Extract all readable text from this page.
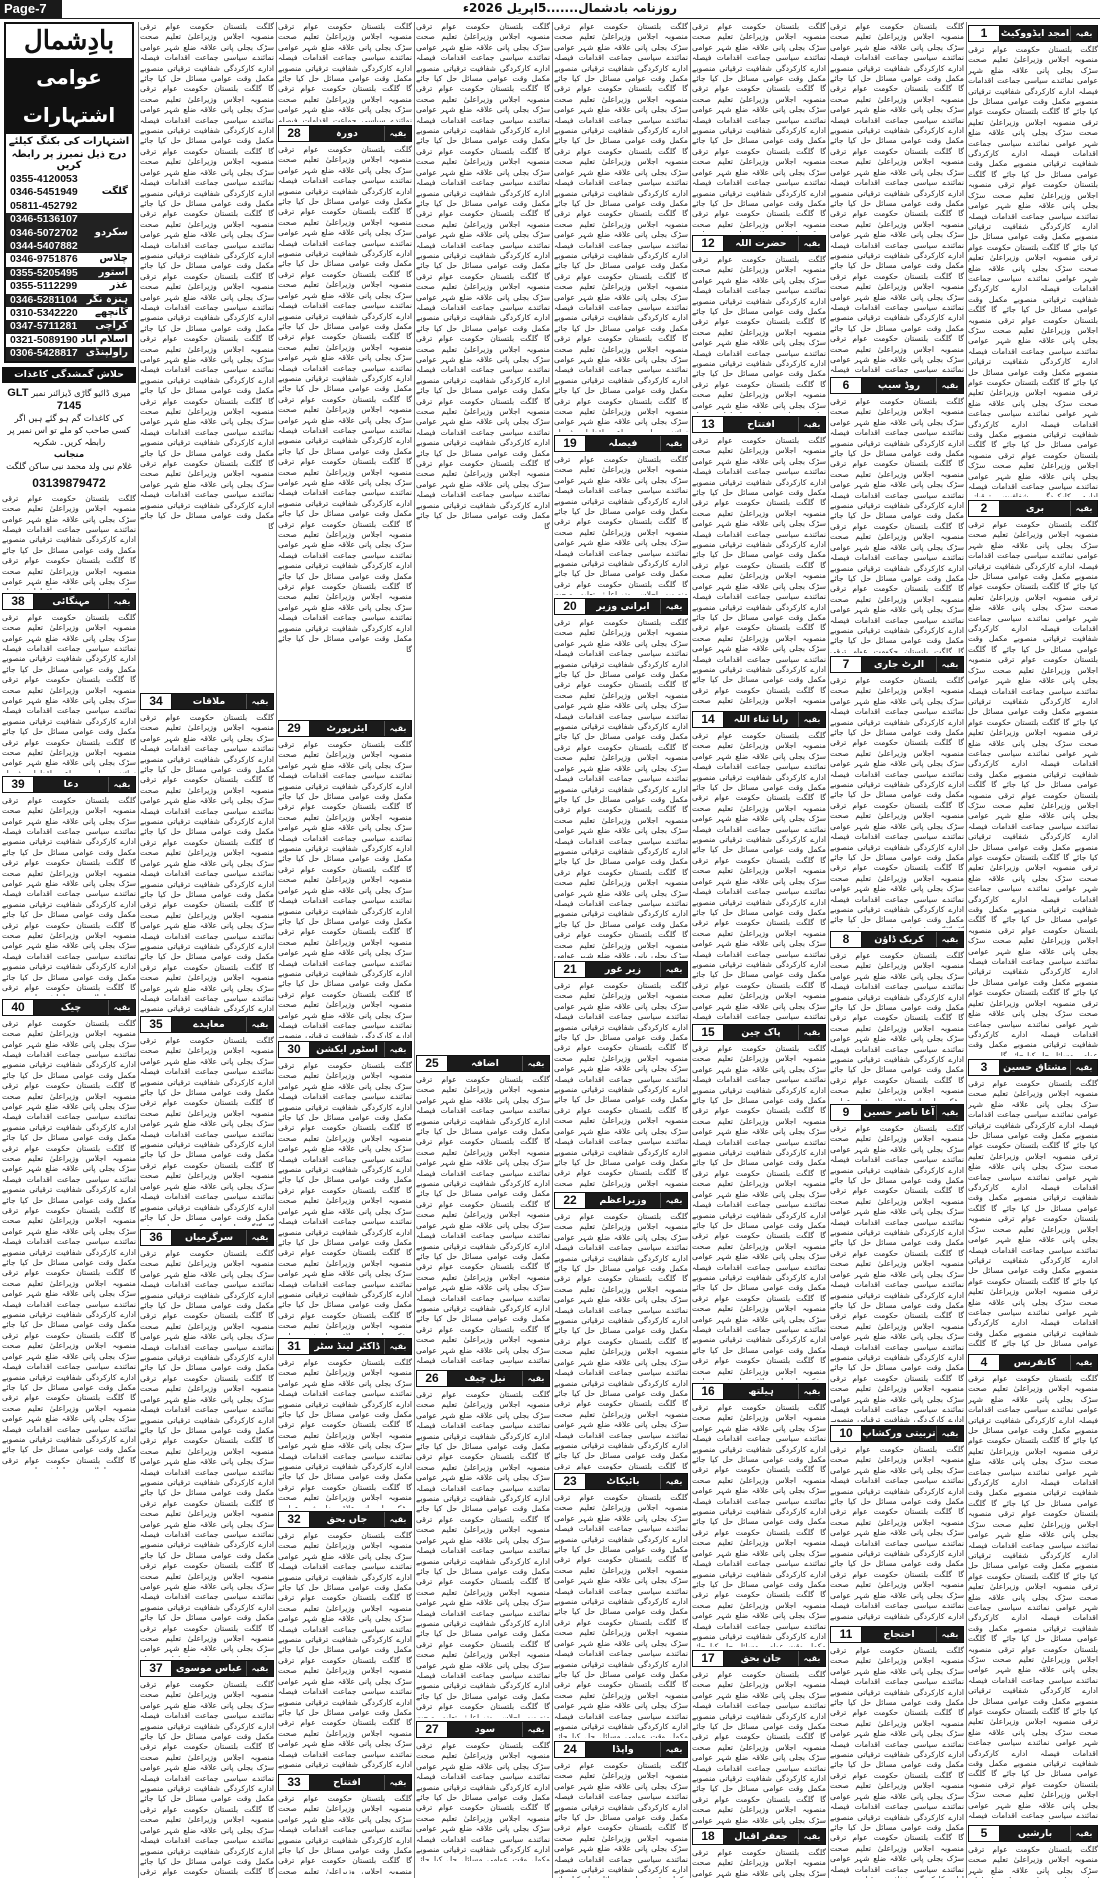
Page-7	روزنامہ بادشمال.......5اپریل 2026ء
بادِشمال
عوامی اشتہارات
اشتہارات کی بکنگ کیلئے
درج ذیل نمبرز پر رابطہ کریں
0355-4120053
0346-5451949 گلگت
05811-452792
0346-5136107
0346-5072702 سکردو
0344-5407882
0346-9751876 چلاس
0355-5205495 استور
0355-5112299	غذر
0346-5281104 ہنزہ نگر
0310-5342220 گانچھے
0347-5711281 کراچی
0321-5089190 اسلام آباد
0306-5428817 راولپنڈی
حلاش گمشدگی کاغذات
میری ڈائیو گاڑی ڈیزائنر نمبر GLT 7145
کی کاغذات گم ہو گئے ہیں اگر کسی صاحب کو ملے تو اس نمبر پر رابطہ کریں۔ شکریہ
منجانب
غلام نبی ولد محمد نبی ساکن گلگت
03139879472
گلگت بلتستان حکومت عوام ترقی منصوبہ اجلاس وزیراعلیٰ تعلیم صحت سڑک بجلی پانی علاقہ ضلع شہر عوامی نمائندے سیاسی جماعت اقدامات فیصلہ ادارے کارکردگی شفافیت ترقیاتی منصوبے مکمل وقت عوامی مسائل حل کیا جائے گا گلگت بلتستان حکومت عوام ترقی منصوبہ اجلاس وزیراعلیٰ تعلیم صحت سڑک بجلی پانی علاقہ ضلع شہر عوامی نمائندے سیاسی جماعت اقدامات فیصلہ ادارے کارکردگی شفافیت ترقیاتی منصوبے مکمل وقت عوامی مسائل حل کیا جائے گا گلگت بلتستان حکومت عوام ترقی منصوبہ اجلاس وزیراعلیٰ تعلیم صحت سڑک بجلی پانی علاقہ ضلع شہر عوامی نمائندے سیاسی جماعت اقدامات فیصلہ ادارے کارکردگی شفافیت ترقیاتی منصوبے مکمل وقت عوامی مسائل حل کیا جائے گا گلگت بلتستان حکومت عوام ترقی منصوبہ اجلاس وزیراعلیٰ تعلیم صحت سڑک بجلی پانی علاقہ ضلع شہر عوامی نمائندے سیاسی جماعت اقدامات فیصلہ ادارے کارکردگی شفافیت ترقیاتی منصوبے مکمل وقت عوامی مسائل حل کیا جائے گا گلگت بلتستان حکومت عوام ترقی منصوبہ اجلاس وزیراعلیٰ تعلیم صحت سڑک بجلی پانی علاقہ ضلع شہر عوامی نمائندے سیاسی جماعت اقدامات فیصلہ ادارے کارکردگی شفافیت ترقیاتی منصوبے مکمل وقت عوامی مسائل حل کیا جائے گا گلگت بلتستان حکومت عوام ترقی منصوبہ اجلاس وزیراعلیٰ تعلیم صحت سڑک بجلی پانی علاقہ ضلع شہر عوامی نمائندے سیاسی جماعت اقدامات فیصلہ ادارے کارکردگی شفافیت ترقیاتی منصوبے مکمل وقت عوامی مسائل حل کیا جائے گا گلگت بلتستان حکومت عوام ترقی منصوبہ اجلاس وزیراعلیٰ تعلیم صحت سڑک بجلی پانی علاقہ ضلع شہر عوامی نمائندے سیاسی جماعت اقدامات فیصلہ ادارے کارکردگی شفافیت ترقیاتی منصوبے مکمل وقت عوامی مسائل حل کیا جائے گا گلگت بلتستان حکومت عوام ترقی منصوبہ اجلاس وزیراعلیٰ تعلیم صحت سڑک بجلی پانی علاقہ ضلع شہر عوامی نمائندے سیاسی جماعت اقدامات فیصلہ ادارے کارکردگی شفافیت ترقیاتی منصوبے مکمل وقت عوامی مسائل حل کیا جائے گا
38	مہنگائی	بقیہ
گلگت بلتستان حکومت عوام ترقی منصوبہ اجلاس وزیراعلیٰ تعلیم صحت سڑک بجلی پانی علاقہ ضلع شہر عوامی نمائندے سیاسی جماعت اقدامات فیصلہ ادارے کارکردگی شفافیت ترقیاتی منصوبے مکمل وقت عوامی مسائل حل کیا جائے گا گلگت بلتستان حکومت عوام ترقی منصوبہ اجلاس وزیراعلیٰ تعلیم صحت سڑک بجلی پانی علاقہ ضلع شہر عوامی نمائندے سیاسی جماعت اقدامات فیصلہ ادارے کارکردگی شفافیت ترقیاتی منصوبے مکمل وقت عوامی مسائل حل کیا جائے گا گلگت بلتستان حکومت عوام ترقی منصوبہ اجلاس وزیراعلیٰ تعلیم صحت سڑک بجلی پانی علاقہ ضلع شہر عوامی نمائندے سیاسی جماعت اقدامات فیصلہ ادارے کارکردگی شفافیت ترقیاتی منصوبے مکمل وقت عوامی مسائل حل کیا جائے گا گلگت بلتستان حکومت عوام ترقی منصوبہ اجلاس وزیراعلیٰ تعلیم صحت سڑک بجلی پانی علاقہ ضلع شہر عوامی نمائندے سیاسی جماعت اقدامات فیصلہ ادارے کارکردگی شفافیت ترقیاتی منصوبے مکمل وقت عوامی مسائل حل کیا جائے گا گلگت بلتستان حکومت عوام ترقی منصوبہ اجلاس وزیراعلیٰ تعلیم صحت سڑک بجلی پانی علاقہ ضلع شہر عوامی نمائندے سیاسی جماعت اقدامات فیصلہ ادارے کارکردگی شفافیت ترقیاتی منصوبے مکمل وقت عوامی مسائل حل کیا جائے گا گلگت بلتستان حکومت عوام ترقی منصوبہ اجلاس وزیراعلیٰ تعلیم صحت سڑک بجلی پانی علاقہ ضلع شہر عوامی نمائندے سیاسی جماعت اقدامات فیصلہ ادارے کارکردگی شفافیت ترقیاتی منصوبے مکمل وقت عوامی مسائل حل کیا جائے گا گلگت بلتستان حکومت عوام ترقی منصوبہ اجلاس وزیراعلیٰ تعلیم صحت سڑک بجلی پانی علاقہ ضلع شہر عوامی نمائندے سیاسی جماعت اقدامات فیصلہ ادارے کارکردگی شفافیت ترقیاتی منصوبے مکمل وقت عوامی مسائل حل کیا جائے گا گلگت بلتستان حکومت عوام ترقی منصوبہ اجلاس وزیراعلیٰ تعلیم صحت سڑک بجلی پانی علاقہ ضلع شہر عوامی نمائندے سیاسی جماعت اقدامات فیصلہ ادارے کارکردگی شفافیت ترقیاتی منصوبے مکمل وقت عوامی مسائل حل کیا جائے گا
39	دعا	بقیہ
گلگت بلتستان حکومت عوام ترقی منصوبہ اجلاس وزیراعلیٰ تعلیم صحت سڑک بجلی پانی علاقہ ضلع شہر عوامی نمائندے سیاسی جماعت اقدامات فیصلہ ادارے کارکردگی شفافیت ترقیاتی منصوبے مکمل وقت عوامی مسائل حل کیا جائے گا گلگت بلتستان حکومت عوام ترقی منصوبہ اجلاس وزیراعلیٰ تعلیم صحت سڑک بجلی پانی علاقہ ضلع شہر عوامی نمائندے سیاسی جماعت اقدامات فیصلہ ادارے کارکردگی شفافیت ترقیاتی منصوبے مکمل وقت عوامی مسائل حل کیا جائے گا گلگت بلتستان حکومت عوام ترقی منصوبہ اجلاس وزیراعلیٰ تعلیم صحت سڑک بجلی پانی علاقہ ضلع شہر عوامی نمائندے سیاسی جماعت اقدامات فیصلہ ادارے کارکردگی شفافیت ترقیاتی منصوبے مکمل وقت عوامی مسائل حل کیا جائے گا گلگت بلتستان حکومت عوام ترقی منصوبہ اجلاس وزیراعلیٰ تعلیم صحت سڑک بجلی پانی علاقہ ضلع شہر عوامی نمائندے سیاسی جماعت اقدامات فیصلہ ادارے کارکردگی شفافیت ترقیاتی منصوبے مکمل وقت عوامی مسائل حل کیا جائے گا گلگت بلتستان حکومت عوام ترقی منصوبہ اجلاس وزیراعلیٰ تعلیم صحت سڑک بجلی پانی علاقہ ضلع شہر عوامی نمائندے سیاسی جماعت اقدامات فیصلہ ادارے کارکردگی شفافیت ترقیاتی منصوبے مکمل وقت عوامی مسائل حل کیا جائے گا گلگت بلتستان حکومت عوام ترقی منصوبہ اجلاس وزیراعلیٰ تعلیم صحت سڑک بجلی پانی علاقہ ضلع شہر عوامی نمائندے سیاسی جماعت اقدامات فیصلہ ادارے کارکردگی شفافیت ترقیاتی منصوبے مکمل وقت عوامی مسائل حل کیا جائے گا گلگت بلتستان حکومت عوام ترقی منصوبہ اجلاس وزیراعلیٰ تعلیم صحت سڑک بجلی پانی علاقہ ضلع شہر عوامی نمائندے سیاسی جماعت اقدامات فیصلہ ادارے کارکردگی شفافیت ترقیاتی منصوبے مکمل وقت عوامی مسائل حل کیا جائے گا گلگت بلتستان حکومت عوام ترقی منصوبہ اجلاس وزیراعلیٰ تعلیم صحت سڑک بجلی پانی علاقہ ضلع شہر عوامی نمائندے سیاسی جماعت اقدامات فیصلہ ادارے کارکردگی شفافیت ترقیاتی منصوبے مکمل وقت عوامی مسائل حل کیا جائے گا
40	چیک	بقیہ
گلگت بلتستان حکومت عوام ترقی منصوبہ اجلاس وزیراعلیٰ تعلیم صحت سڑک بجلی پانی علاقہ ضلع شہر عوامی نمائندے سیاسی جماعت اقدامات فیصلہ ادارے کارکردگی شفافیت ترقیاتی منصوبے مکمل وقت عوامی مسائل حل کیا جائے گا گلگت بلتستان حکومت عوام ترقی منصوبہ اجلاس وزیراعلیٰ تعلیم صحت سڑک بجلی پانی علاقہ ضلع شہر عوامی نمائندے سیاسی جماعت اقدامات فیصلہ ادارے کارکردگی شفافیت ترقیاتی منصوبے مکمل وقت عوامی مسائل حل کیا جائے گا گلگت بلتستان حکومت عوام ترقی منصوبہ اجلاس وزیراعلیٰ تعلیم صحت سڑک بجلی پانی علاقہ ضلع شہر عوامی نمائندے سیاسی جماعت اقدامات فیصلہ ادارے کارکردگی شفافیت ترقیاتی منصوبے مکمل وقت عوامی مسائل حل کیا جائے گا گلگت بلتستان حکومت عوام ترقی منصوبہ اجلاس وزیراعلیٰ تعلیم صحت سڑک بجلی پانی علاقہ ضلع شہر عوامی نمائندے سیاسی جماعت اقدامات فیصلہ ادارے کارکردگی شفافیت ترقیاتی منصوبے مکمل وقت عوامی مسائل حل کیا جائے گا گلگت بلتستان حکومت عوام ترقی منصوبہ اجلاس وزیراعلیٰ تعلیم صحت سڑک بجلی پانی علاقہ ضلع شہر عوامی نمائندے سیاسی جماعت اقدامات فیصلہ ادارے کارکردگی شفافیت ترقیاتی منصوبے مکمل وقت عوامی مسائل حل کیا جائے گا گلگت بلتستان حکومت عوام ترقی منصوبہ اجلاس وزیراعلیٰ تعلیم صحت سڑک بجلی پانی علاقہ ضلع شہر عوامی نمائندے سیاسی جماعت اقدامات فیصلہ ادارے کارکردگی شفافیت ترقیاتی منصوبے مکمل وقت عوامی مسائل حل کیا جائے گا گلگت بلتستان حکومت عوام ترقی منصوبہ اجلاس وزیراعلیٰ تعلیم صحت سڑک بجلی پانی علاقہ ضلع شہر عوامی نمائندے سیاسی جماعت اقدامات فیصلہ ادارے کارکردگی شفافیت ترقیاتی منصوبے مکمل وقت عوامی مسائل حل کیا جائے گا گلگت بلتستان حکومت عوام ترقی منصوبہ اجلاس وزیراعلیٰ تعلیم صحت سڑک بجلی پانی علاقہ ضلع شہر عوامی نمائندے سیاسی جماعت اقدامات فیصلہ ادارے کارکردگی شفافیت ترقیاتی منصوبے مکمل وقت عوامی مسائل حل کیا جائے گا
گلگت بلتستان حکومت عوام ترقی منصوبہ اجلاس وزیراعلیٰ تعلیم صحت سڑک بجلی پانی علاقہ ضلع شہر عوامی نمائندے سیاسی جماعت اقدامات فیصلہ ادارے کارکردگی شفافیت ترقیاتی منصوبے مکمل وقت عوامی مسائل حل کیا جائے گا گلگت بلتستان حکومت عوام ترقی منصوبہ اجلاس وزیراعلیٰ تعلیم صحت سڑک بجلی پانی علاقہ ضلع شہر عوامی نمائندے سیاسی جماعت اقدامات فیصلہ ادارے کارکردگی شفافیت ترقیاتی منصوبے مکمل وقت عوامی مسائل حل کیا جائے گا گلگت بلتستان حکومت عوام ترقی منصوبہ اجلاس وزیراعلیٰ تعلیم صحت سڑک بجلی پانی علاقہ ضلع شہر عوامی نمائندے سیاسی جماعت اقدامات فیصلہ ادارے کارکردگی شفافیت ترقیاتی منصوبے مکمل وقت عوامی مسائل حل کیا جائے گا گلگت بلتستان حکومت عوام ترقی منصوبہ اجلاس وزیراعلیٰ تعلیم صحت سڑک بجلی پانی علاقہ ضلع شہر عوامی نمائندے سیاسی جماعت اقدامات فیصلہ ادارے کارکردگی شفافیت ترقیاتی منصوبے مکمل وقت عوامی مسائل حل کیا جائے گا گلگت بلتستان حکومت عوام ترقی منصوبہ اجلاس وزیراعلیٰ تعلیم صحت سڑک بجلی پانی علاقہ ضلع شہر عوامی نمائندے سیاسی جماعت اقدامات فیصلہ ادارے کارکردگی شفافیت ترقیاتی منصوبے مکمل وقت عوامی مسائل حل کیا جائے گا گلگت بلتستان حکومت عوام ترقی منصوبہ اجلاس وزیراعلیٰ تعلیم صحت سڑک بجلی پانی علاقہ ضلع شہر عوامی نمائندے سیاسی جماعت اقدامات فیصلہ ادارے کارکردگی شفافیت ترقیاتی منصوبے مکمل وقت عوامی مسائل حل کیا جائے گا گلگت بلتستان حکومت عوام ترقی منصوبہ اجلاس وزیراعلیٰ تعلیم صحت سڑک بجلی پانی علاقہ ضلع شہر عوامی نمائندے سیاسی جماعت اقدامات فیصلہ ادارے کارکردگی شفافیت ترقیاتی منصوبے مکمل وقت عوامی مسائل حل کیا جائے گا گلگت بلتستان حکومت عوام ترقی منصوبہ اجلاس وزیراعلیٰ تعلیم صحت سڑک بجلی پانی علاقہ ضلع شہر عوامی نمائندے سیاسی جماعت اقدامات فیصلہ ادارے کارکردگی شفافیت ترقیاتی منصوبے مکمل وقت عوامی مسائل حل کیا جائے گا
34	ملاقات	بقیہ
گلگت بلتستان حکومت عوام ترقی منصوبہ اجلاس وزیراعلیٰ تعلیم صحت سڑک بجلی پانی علاقہ ضلع شہر عوامی نمائندے سیاسی جماعت اقدامات فیصلہ ادارے کارکردگی شفافیت ترقیاتی منصوبے مکمل وقت عوامی مسائل حل کیا جائے گا گلگت بلتستان حکومت عوام ترقی منصوبہ اجلاس وزیراعلیٰ تعلیم صحت سڑک بجلی پانی علاقہ ضلع شہر عوامی نمائندے سیاسی جماعت اقدامات فیصلہ ادارے کارکردگی شفافیت ترقیاتی منصوبے مکمل وقت عوامی مسائل حل کیا جائے گا گلگت بلتستان حکومت عوام ترقی منصوبہ اجلاس وزیراعلیٰ تعلیم صحت سڑک بجلی پانی علاقہ ضلع شہر عوامی نمائندے سیاسی جماعت اقدامات فیصلہ ادارے کارکردگی شفافیت ترقیاتی منصوبے مکمل وقت عوامی مسائل حل کیا جائے گا گلگت بلتستان حکومت عوام ترقی منصوبہ اجلاس وزیراعلیٰ تعلیم صحت سڑک بجلی پانی علاقہ ضلع شہر عوامی نمائندے سیاسی جماعت اقدامات فیصلہ ادارے کارکردگی شفافیت ترقیاتی منصوبے مکمل وقت عوامی مسائل حل کیا جائے گا گلگت بلتستان حکومت عوام ترقی منصوبہ اجلاس وزیراعلیٰ تعلیم صحت سڑک بجلی پانی علاقہ ضلع شہر عوامی نمائندے سیاسی جماعت اقدامات فیصلہ ادارے کارکردگی شفافیت ترقیاتی منصوبے مکمل وقت عوامی مسائل حل کیا جائے گا گلگت بلتستان حکومت عوام ترقی منصوبہ اجلاس وزیراعلیٰ تعلیم صحت سڑک بجلی پانی علاقہ ضلع شہر عوامی نمائندے سیاسی جماعت اقدامات فیصلہ ادارے کارکردگی شفافیت ترقیاتی منصوبے مکمل وقت عوامی مسائل حل کیا جائے گا گلگت بلتستان حکومت عوام ترقی منصوبہ اجلاس وزیراعلیٰ تعلیم صحت سڑک بجلی پانی علاقہ ضلع شہر عوامی نمائندے سیاسی جماعت اقدامات فیصلہ ادارے کارکردگی شفافیت ترقیاتی منصوبے مکمل وقت عوامی مسائل حل کیا جائے گا گلگت بلتستان حکومت عوام ترقی منصوبہ اجلاس وزیراعلیٰ تعلیم صحت سڑک بجلی پانی علاقہ ضلع شہر عوامی نمائندے سیاسی جماعت اقدامات فیصلہ ادارے کارکردگی شفافیت ترقیاتی منصوبے مکمل وقت عوامی مسائل حل کیا جائے گا
35	معاہدے	بقیہ
گلگت بلتستان حکومت عوام ترقی منصوبہ اجلاس وزیراعلیٰ تعلیم صحت سڑک بجلی پانی علاقہ ضلع شہر عوامی نمائندے سیاسی جماعت اقدامات فیصلہ ادارے کارکردگی شفافیت ترقیاتی منصوبے مکمل وقت عوامی مسائل حل کیا جائے گا گلگت بلتستان حکومت عوام ترقی منصوبہ اجلاس وزیراعلیٰ تعلیم صحت سڑک بجلی پانی علاقہ ضلع شہر عوامی نمائندے سیاسی جماعت اقدامات فیصلہ ادارے کارکردگی شفافیت ترقیاتی منصوبے مکمل وقت عوامی مسائل حل کیا جائے گا گلگت بلتستان حکومت عوام ترقی منصوبہ اجلاس وزیراعلیٰ تعلیم صحت سڑک بجلی پانی علاقہ ضلع شہر عوامی نمائندے سیاسی جماعت اقدامات فیصلہ ادارے کارکردگی شفافیت ترقیاتی منصوبے مکمل وقت عوامی مسائل حل کیا جائے گا گلگت بلتستان حکومت عوام ترقی منصوبہ اجلاس وزیراعلیٰ تعلیم صحت سڑک بجلی پانی علاقہ ضلع شہر عوامی نمائندے سیاسی جماعت اقدامات فیصلہ ادارے کارکردگی شفافیت ترقیاتی منصوبے مکمل وقت عوامی مسائل حل کیا جائے گا گلگت بلتستان حکومت عوام ترقی منصوبہ اجلاس وزیراعلیٰ تعلیم صحت سڑک بجلی پانی علاقہ ضلع شہر عوامی نمائندے سیاسی جماعت اقدامات فیصلہ ادارے کارکردگی شفافیت ترقیاتی منصوبے مکمل وقت عوامی مسائل حل کیا جائے گا گلگت بلتستان حکومت عوام ترقی منصوبہ اجلاس وزیراعلیٰ تعلیم صحت سڑک بجلی پانی علاقہ ضلع شہر عوامی نمائندے سیاسی جماعت اقدامات فیصلہ ادارے کارکردگی شفافیت ترقیاتی منصوبے مکمل وقت عوامی مسائل حل کیا جائے گا گلگت بلتستان حکومت عوام ترقی منصوبہ اجلاس وزیراعلیٰ تعلیم صحت سڑک بجلی پانی علاقہ ضلع شہر عوامی نمائندے سیاسی جماعت اقدامات فیصلہ ادارے کارکردگی شفافیت ترقیاتی منصوبے مکمل وقت عوامی مسائل حل کیا جائے گا گلگت بلتستان حکومت عوام ترقی منصوبہ اجلاس وزیراعلیٰ تعلیم صحت سڑک بجلی پانی علاقہ ضلع شہر عوامی نمائندے سیاسی جماعت اقدامات فیصلہ ادارے کارکردگی شفافیت ترقیاتی منصوبے مکمل وقت عوامی مسائل حل کیا جائے گا
36	سرگرمیاں	بقیہ
گلگت بلتستان حکومت عوام ترقی منصوبہ اجلاس وزیراعلیٰ تعلیم صحت سڑک بجلی پانی علاقہ ضلع شہر عوامی نمائندے سیاسی جماعت اقدامات فیصلہ ادارے کارکردگی شفافیت ترقیاتی منصوبے مکمل وقت عوامی مسائل حل کیا جائے گا گلگت بلتستان حکومت عوام ترقی منصوبہ اجلاس وزیراعلیٰ تعلیم صحت سڑک بجلی پانی علاقہ ضلع شہر عوامی نمائندے سیاسی جماعت اقدامات فیصلہ ادارے کارکردگی شفافیت ترقیاتی منصوبے مکمل وقت عوامی مسائل حل کیا جائے گا گلگت بلتستان حکومت عوام ترقی منصوبہ اجلاس وزیراعلیٰ تعلیم صحت سڑک بجلی پانی علاقہ ضلع شہر عوامی نمائندے سیاسی جماعت اقدامات فیصلہ ادارے کارکردگی شفافیت ترقیاتی منصوبے مکمل وقت عوامی مسائل حل کیا جائے گا گلگت بلتستان حکومت عوام ترقی منصوبہ اجلاس وزیراعلیٰ تعلیم صحت سڑک بجلی پانی علاقہ ضلع شہر عوامی نمائندے سیاسی جماعت اقدامات فیصلہ ادارے کارکردگی شفافیت ترقیاتی منصوبے مکمل وقت عوامی مسائل حل کیا جائے گا گلگت بلتستان حکومت عوام ترقی منصوبہ اجلاس وزیراعلیٰ تعلیم صحت سڑک بجلی پانی علاقہ ضلع شہر عوامی نمائندے سیاسی جماعت اقدامات فیصلہ ادارے کارکردگی شفافیت ترقیاتی منصوبے مکمل وقت عوامی مسائل حل کیا جائے گا گلگت بلتستان حکومت عوام ترقی منصوبہ اجلاس وزیراعلیٰ تعلیم صحت سڑک بجلی پانی علاقہ ضلع شہر عوامی نمائندے سیاسی جماعت اقدامات فیصلہ ادارے کارکردگی شفافیت ترقیاتی منصوبے مکمل وقت عوامی مسائل حل کیا جائے گا گلگت بلتستان حکومت عوام ترقی منصوبہ اجلاس وزیراعلیٰ تعلیم صحت سڑک بجلی پانی علاقہ ضلع شہر عوامی نمائندے سیاسی جماعت اقدامات فیصلہ ادارے کارکردگی شفافیت ترقیاتی منصوبے مکمل وقت عوامی مسائل حل کیا جائے گا گلگت بلتستان حکومت عوام ترقی منصوبہ اجلاس وزیراعلیٰ تعلیم صحت سڑک بجلی پانی علاقہ ضلع شہر عوامی نمائندے سیاسی جماعت اقدامات فیصلہ ادارے کارکردگی شفافیت ترقیاتی منصوبے مکمل وقت عوامی مسائل حل کیا جائے گا
37	عباس موسوی	بقیہ
گلگت بلتستان حکومت عوام ترقی منصوبہ اجلاس وزیراعلیٰ تعلیم صحت سڑک بجلی پانی علاقہ ضلع شہر عوامی نمائندے سیاسی جماعت اقدامات فیصلہ ادارے کارکردگی شفافیت ترقیاتی منصوبے مکمل وقت عوامی مسائل حل کیا جائے گا گلگت بلتستان حکومت عوام ترقی منصوبہ اجلاس وزیراعلیٰ تعلیم صحت سڑک بجلی پانی علاقہ ضلع شہر عوامی نمائندے سیاسی جماعت اقدامات فیصلہ ادارے کارکردگی شفافیت ترقیاتی منصوبے مکمل وقت عوامی مسائل حل کیا جائے گا گلگت بلتستان حکومت عوام ترقی منصوبہ اجلاس وزیراعلیٰ تعلیم صحت سڑک بجلی پانی علاقہ ضلع شہر عوامی نمائندے سیاسی جماعت اقدامات فیصلہ ادارے کارکردگی شفافیت ترقیاتی منصوبے مکمل وقت عوامی مسائل حل کیا جائے گا گلگت بلتستان حکومت عوام ترقی منصوبہ اجلاس وزیراعلیٰ تعلیم صحت سڑک بجلی پانی علاقہ ضلع شہر عوامی نمائندے سیاسی جماعت اقدامات فیصلہ ادارے کارکردگی شفافیت ترقیاتی منصوبے مکمل وقت عوامی مسائل حل کیا جائے گا گلگت بلتستان حکومت عوام ترقی منصوبہ اجلاس وزیراعلیٰ تعلیم صحت سڑک بجلی پانی علاقہ ضلع شہر عوامی نمائندے سیاسی جماعت اقدامات فیصلہ ادارے کارکردگی شفافیت ترقیاتی منصوبے مکمل وقت عوامی مسائل حل کیا جائے گا گلگت بلتستان حکومت عوام ترقی منصوبہ اجلاس وزیراعلیٰ تعلیم صحت سڑک بجلی پانی علاقہ ضلع شہر عوامی نمائندے سیاسی جماعت اقدامات فیصلہ ادارے کارکردگی شفافیت ترقیاتی منصوبے مکمل وقت عوامی مسائل حل کیا جائے گا گلگت بلتستان حکومت عوام ترقی منصوبہ اجلاس وزیراعلیٰ تعلیم صحت سڑک بجلی پانی علاقہ ضلع شہر عوامی نمائندے سیاسی جماعت اقدامات فیصلہ ادارے کارکردگی شفافیت ترقیاتی منصوبے مکمل وقت عوامی مسائل حل کیا جائے گا گلگت بلتستان حکومت عوام ترقی منصوبہ اجلاس وزیراعلیٰ تعلیم صحت سڑک بجلی پانی علاقہ ضلع شہر عوامی نمائندے سیاسی جماعت اقدامات فیصلہ ادارے کارکردگی شفافیت ترقیاتی منصوبے مکمل وقت عوامی مسائل حل کیا جائے گا
گلگت بلتستان حکومت عوام ترقی منصوبہ اجلاس وزیراعلیٰ تعلیم صحت سڑک بجلی پانی علاقہ ضلع شہر عوامی نمائندے سیاسی جماعت اقدامات فیصلہ ادارے کارکردگی شفافیت ترقیاتی منصوبے مکمل وقت عوامی مسائل حل کیا جائے گا گلگت بلتستان حکومت عوام ترقی منصوبہ اجلاس وزیراعلیٰ تعلیم صحت سڑک بجلی پانی علاقہ ضلع شہر عوامی نمائندے سیاسی جماعت اقدامات فیصلہ ادارے کارکردگی شفافیت ترقیاتی منصوبے مکمل وقت عوامی مسائل حل کیا جائے گا گلگت بلتستان حکومت عوام ترقی منصوبہ اجلاس وزیراعلیٰ تعلیم صحت سڑک بجلی پانی علاقہ ضلع شہر عوامی نمائندے سیاسی جماعت اقدامات فیصلہ ادارے کارکردگی شفافیت ترقیاتی منصوبے مکمل وقت عوامی مسائل حل کیا جائے گا گلگت بلتستان حکومت عوام ترقی منصوبہ اجلاس وزیراعلیٰ تعلیم صحت سڑک بجلی پانی علاقہ ضلع شہر عوامی نمائندے سیاسی جماعت اقدامات فیصلہ ادارے کارکردگی شفافیت ترقیاتی منصوبے مکمل وقت عوامی مسائل حل کیا جائے گا گلگت بلتستان حکومت عوام ترقی منصوبہ اجلاس وزیراعلیٰ تعلیم صحت سڑک بجلی پانی علاقہ ضلع شہر عوامی نمائندے سیاسی جماعت اقدامات فیصلہ ادارے کارکردگی شفافیت ترقیاتی منصوبے مکمل وقت عوامی مسائل حل کیا جائے گا گلگت بلتستان حکومت عوام ترقی منصوبہ اجلاس وزیراعلیٰ تعلیم صحت سڑک بجلی پانی علاقہ ضلع شہر عوامی نمائندے سیاسی جماعت اقدامات فیصلہ ادارے کارکردگی شفافیت ترقیاتی منصوبے مکمل وقت عوامی مسائل حل کیا جائے گا گلگت بلتستان حکومت عوام ترقی منصوبہ اجلاس وزیراعلیٰ تعلیم صحت سڑک بجلی پانی علاقہ ضلع شہر عوامی نمائندے سیاسی جماعت اقدامات فیصلہ ادارے کارکردگی شفافیت ترقیاتی منصوبے مکمل وقت عوامی مسائل حل کیا جائے گا گلگت بلتستان حکومت عوام ترقی منصوبہ اجلاس وزیراعلیٰ تعلیم صحت سڑک بجلی پانی علاقہ ضلع شہر عوامی نمائندے سیاسی جماعت اقدامات فیصلہ ادارے کارکردگی شفافیت ترقیاتی منصوبے مکمل وقت عوامی مسائل حل کیا جائے گا
28	دورہ	بقیہ
گلگت بلتستان حکومت عوام ترقی منصوبہ اجلاس وزیراعلیٰ تعلیم صحت سڑک بجلی پانی علاقہ ضلع شہر عوامی نمائندے سیاسی جماعت اقدامات فیصلہ ادارے کارکردگی شفافیت ترقیاتی منصوبے مکمل وقت عوامی مسائل حل کیا جائے گا گلگت بلتستان حکومت عوام ترقی منصوبہ اجلاس وزیراعلیٰ تعلیم صحت سڑک بجلی پانی علاقہ ضلع شہر عوامی نمائندے سیاسی جماعت اقدامات فیصلہ ادارے کارکردگی شفافیت ترقیاتی منصوبے مکمل وقت عوامی مسائل حل کیا جائے گا گلگت بلتستان حکومت عوام ترقی منصوبہ اجلاس وزیراعلیٰ تعلیم صحت سڑک بجلی پانی علاقہ ضلع شہر عوامی نمائندے سیاسی جماعت اقدامات فیصلہ ادارے کارکردگی شفافیت ترقیاتی منصوبے مکمل وقت عوامی مسائل حل کیا جائے گا گلگت بلتستان حکومت عوام ترقی منصوبہ اجلاس وزیراعلیٰ تعلیم صحت سڑک بجلی پانی علاقہ ضلع شہر عوامی نمائندے سیاسی جماعت اقدامات فیصلہ ادارے کارکردگی شفافیت ترقیاتی منصوبے مکمل وقت عوامی مسائل حل کیا جائے گا گلگت بلتستان حکومت عوام ترقی منصوبہ اجلاس وزیراعلیٰ تعلیم صحت سڑک بجلی پانی علاقہ ضلع شہر عوامی نمائندے سیاسی جماعت اقدامات فیصلہ ادارے کارکردگی شفافیت ترقیاتی منصوبے مکمل وقت عوامی مسائل حل کیا جائے گا گلگت بلتستان حکومت عوام ترقی منصوبہ اجلاس وزیراعلیٰ تعلیم صحت سڑک بجلی پانی علاقہ ضلع شہر عوامی نمائندے سیاسی جماعت اقدامات فیصلہ ادارے کارکردگی شفافیت ترقیاتی منصوبے مکمل وقت عوامی مسائل حل کیا جائے گا گلگت بلتستان حکومت عوام ترقی منصوبہ اجلاس وزیراعلیٰ تعلیم صحت سڑک بجلی پانی علاقہ ضلع شہر عوامی نمائندے سیاسی جماعت اقدامات فیصلہ ادارے کارکردگی شفافیت ترقیاتی منصوبے مکمل وقت عوامی مسائل حل کیا جائے گا گلگت بلتستان حکومت عوام ترقی منصوبہ اجلاس وزیراعلیٰ تعلیم صحت سڑک بجلی پانی علاقہ ضلع شہر عوامی نمائندے سیاسی جماعت اقدامات فیصلہ ادارے کارکردگی شفافیت ترقیاتی منصوبے مکمل وقت عوامی مسائل حل کیا جائے گا
29	ایئرپورٹ	بقیہ
گلگت بلتستان حکومت عوام ترقی منصوبہ اجلاس وزیراعلیٰ تعلیم صحت سڑک بجلی پانی علاقہ ضلع شہر عوامی نمائندے سیاسی جماعت اقدامات فیصلہ ادارے کارکردگی شفافیت ترقیاتی منصوبے مکمل وقت عوامی مسائل حل کیا جائے گا گلگت بلتستان حکومت عوام ترقی منصوبہ اجلاس وزیراعلیٰ تعلیم صحت سڑک بجلی پانی علاقہ ضلع شہر عوامی نمائندے سیاسی جماعت اقدامات فیصلہ ادارے کارکردگی شفافیت ترقیاتی منصوبے مکمل وقت عوامی مسائل حل کیا جائے گا گلگت بلتستان حکومت عوام ترقی منصوبہ اجلاس وزیراعلیٰ تعلیم صحت سڑک بجلی پانی علاقہ ضلع شہر عوامی نمائندے سیاسی جماعت اقدامات فیصلہ ادارے کارکردگی شفافیت ترقیاتی منصوبے مکمل وقت عوامی مسائل حل کیا جائے گا گلگت بلتستان حکومت عوام ترقی منصوبہ اجلاس وزیراعلیٰ تعلیم صحت سڑک بجلی پانی علاقہ ضلع شہر عوامی نمائندے سیاسی جماعت اقدامات فیصلہ ادارے کارکردگی شفافیت ترقیاتی منصوبے مکمل وقت عوامی مسائل حل کیا جائے گا گلگت بلتستان حکومت عوام ترقی منصوبہ اجلاس وزیراعلیٰ تعلیم صحت سڑک بجلی پانی علاقہ ضلع شہر عوامی نمائندے سیاسی جماعت اقدامات فیصلہ ادارے کارکردگی شفافیت ترقیاتی منصوبے مکمل وقت عوامی مسائل حل کیا جائے گا گلگت بلتستان حکومت عوام ترقی منصوبہ اجلاس وزیراعلیٰ تعلیم صحت سڑک بجلی پانی علاقہ ضلع شہر عوامی نمائندے سیاسی جماعت اقدامات فیصلہ ادارے کارکردگی شفافیت ترقیاتی منصوبے مکمل وقت عوامی مسائل حل کیا جائے گا گلگت بلتستان حکومت عوام ترقی منصوبہ اجلاس وزیراعلیٰ تعلیم صحت سڑک بجلی پانی علاقہ ضلع شہر عوامی نمائندے سیاسی جماعت اقدامات فیصلہ ادارے کارکردگی شفافیت ترقیاتی منصوبے مکمل وقت عوامی مسائل حل کیا جائے گا گلگت بلتستان حکومت عوام ترقی منصوبہ اجلاس وزیراعلیٰ تعلیم صحت سڑک بجلی پانی علاقہ ضلع شہر عوامی نمائندے سیاسی جماعت اقدامات فیصلہ ادارے کارکردگی شفافیت ترقیاتی منصوبے مکمل وقت عوامی مسائل حل کیا جائے گا
30	اسٹور ایکشن کمیٹی
بقیہ
گلگت بلتستان حکومت عوام ترقی منصوبہ اجلاس وزیراعلیٰ تعلیم صحت سڑک بجلی پانی علاقہ ضلع شہر عوامی نمائندے سیاسی جماعت اقدامات فیصلہ ادارے کارکردگی شفافیت ترقیاتی منصوبے مکمل وقت عوامی مسائل حل کیا جائے گا گلگت بلتستان حکومت عوام ترقی منصوبہ اجلاس وزیراعلیٰ تعلیم صحت سڑک بجلی پانی علاقہ ضلع شہر عوامی نمائندے سیاسی جماعت اقدامات فیصلہ ادارے کارکردگی شفافیت ترقیاتی منصوبے مکمل وقت عوامی مسائل حل کیا جائے گا گلگت بلتستان حکومت عوام ترقی منصوبہ اجلاس وزیراعلیٰ تعلیم صحت سڑک بجلی پانی علاقہ ضلع شہر عوامی نمائندے سیاسی جماعت اقدامات فیصلہ ادارے کارکردگی شفافیت ترقیاتی منصوبے مکمل وقت عوامی مسائل حل کیا جائے گا گلگت بلتستان حکومت عوام ترقی منصوبہ اجلاس وزیراعلیٰ تعلیم صحت سڑک بجلی پانی علاقہ ضلع شہر عوامی نمائندے سیاسی جماعت اقدامات فیصلہ ادارے کارکردگی شفافیت ترقیاتی منصوبے مکمل وقت عوامی مسائل حل کیا جائے گا گلگت بلتستان حکومت عوام ترقی منصوبہ اجلاس وزیراعلیٰ تعلیم صحت سڑک بجلی پانی علاقہ ضلع شہر عوامی نمائندے سیاسی جماعت اقدامات فیصلہ ادارے کارکردگی شفافیت ترقیاتی منصوبے مکمل وقت عوامی مسائل حل کیا جائے گا گلگت بلتستان حکومت عوام ترقی منصوبہ اجلاس وزیراعلیٰ تعلیم صحت سڑک بجلی پانی علاقہ ضلع شہر عوامی نمائندے سیاسی جماعت اقدامات فیصلہ ادارے کارکردگی شفافیت ترقیاتی منصوبے مکمل وقت عوامی مسائل حل کیا جائے گا گلگت بلتستان حکومت عوام ترقی منصوبہ اجلاس وزیراعلیٰ تعلیم صحت سڑک بجلی پانی علاقہ ضلع شہر عوامی نمائندے سیاسی جماعت اقدامات فیصلہ ادارے کارکردگی شفافیت ترقیاتی منصوبے مکمل وقت عوامی مسائل حل کیا جائے گا گلگت بلتستان حکومت عوام ترقی منصوبہ اجلاس وزیراعلیٰ تعلیم صحت سڑک بجلی پانی علاقہ ضلع شہر عوامی نمائندے سیاسی جماعت اقدامات فیصلہ ادارے کارکردگی شفافیت ترقیاتی منصوبے مکمل وقت عوامی مسائل حل کیا جائے گا
31	ڈاکٹر لینڈ سٹر	بقیہ
گلگت بلتستان حکومت عوام ترقی منصوبہ اجلاس وزیراعلیٰ تعلیم صحت سڑک بجلی پانی علاقہ ضلع شہر عوامی نمائندے سیاسی جماعت اقدامات فیصلہ ادارے کارکردگی شفافیت ترقیاتی منصوبے مکمل وقت عوامی مسائل حل کیا جائے گا گلگت بلتستان حکومت عوام ترقی منصوبہ اجلاس وزیراعلیٰ تعلیم صحت سڑک بجلی پانی علاقہ ضلع شہر عوامی نمائندے سیاسی جماعت اقدامات فیصلہ ادارے کارکردگی شفافیت ترقیاتی منصوبے مکمل وقت عوامی مسائل حل کیا جائے گا گلگت بلتستان حکومت عوام ترقی منصوبہ اجلاس وزیراعلیٰ تعلیم صحت سڑک بجلی پانی علاقہ ضلع شہر عوامی نمائندے سیاسی جماعت اقدامات فیصلہ ادارے کارکردگی شفافیت ترقیاتی منصوبے مکمل وقت عوامی مسائل حل کیا جائے گا گلگت بلتستان حکومت عوام ترقی منصوبہ اجلاس وزیراعلیٰ تعلیم صحت سڑک بجلی پانی علاقہ ضلع شہر عوامی نمائندے سیاسی جماعت اقدامات فیصلہ ادارے کارکردگی شفافیت ترقیاتی منصوبے مکمل وقت عوامی مسائل حل کیا جائے گا گلگت بلتستان حکومت عوام ترقی منصوبہ اجلاس وزیراعلیٰ تعلیم صحت سڑک بجلی پانی علاقہ ضلع شہر عوامی نمائندے سیاسی جماعت اقدامات فیصلہ ادارے کارکردگی شفافیت ترقیاتی منصوبے مکمل وقت عوامی مسائل حل کیا جائے گا گلگت بلتستان حکومت عوام ترقی منصوبہ اجلاس وزیراعلیٰ تعلیم صحت سڑک بجلی پانی علاقہ ضلع شہر عوامی نمائندے سیاسی جماعت اقدامات فیصلہ ادارے کارکردگی شفافیت ترقیاتی منصوبے مکمل وقت عوامی مسائل حل کیا جائے گا گلگت بلتستان حکومت عوام ترقی منصوبہ اجلاس وزیراعلیٰ تعلیم صحت سڑک بجلی پانی علاقہ ضلع شہر عوامی نمائندے سیاسی جماعت اقدامات فیصلہ ادارے کارکردگی شفافیت ترقیاتی منصوبے مکمل وقت عوامی مسائل حل کیا جائے گا گلگت بلتستان حکومت عوام ترقی منصوبہ اجلاس وزیراعلیٰ تعلیم صحت سڑک بجلی پانی علاقہ ضلع شہر عوامی نمائندے سیاسی جماعت اقدامات فیصلہ ادارے کارکردگی شفافیت ترقیاتی منصوبے مکمل وقت عوامی مسائل حل کیا جائے گا
32	جاں بحق	بقیہ
گلگت بلتستان حکومت عوام ترقی منصوبہ اجلاس وزیراعلیٰ تعلیم صحت سڑک بجلی پانی علاقہ ضلع شہر عوامی نمائندے سیاسی جماعت اقدامات فیصلہ ادارے کارکردگی شفافیت ترقیاتی منصوبے مکمل وقت عوامی مسائل حل کیا جائے گا گلگت بلتستان حکومت عوام ترقی منصوبہ اجلاس وزیراعلیٰ تعلیم صحت سڑک بجلی پانی علاقہ ضلع شہر عوامی نمائندے سیاسی جماعت اقدامات فیصلہ ادارے کارکردگی شفافیت ترقیاتی منصوبے مکمل وقت عوامی مسائل حل کیا جائے گا گلگت بلتستان حکومت عوام ترقی منصوبہ اجلاس وزیراعلیٰ تعلیم صحت سڑک بجلی پانی علاقہ ضلع شہر عوامی نمائندے سیاسی جماعت اقدامات فیصلہ ادارے کارکردگی شفافیت ترقیاتی منصوبے مکمل وقت عوامی مسائل حل کیا جائے گا گلگت بلتستان حکومت عوام ترقی منصوبہ اجلاس وزیراعلیٰ تعلیم صحت سڑک بجلی پانی علاقہ ضلع شہر عوامی نمائندے سیاسی جماعت اقدامات فیصلہ ادارے کارکردگی شفافیت ترقیاتی منصوبے مکمل وقت عوامی مسائل حل کیا جائے گا گلگت بلتستان حکومت عوام ترقی منصوبہ اجلاس وزیراعلیٰ تعلیم صحت سڑک بجلی پانی علاقہ ضلع شہر عوامی نمائندے سیاسی جماعت اقدامات فیصلہ ادارے کارکردگی شفافیت ترقیاتی منصوبے مکمل وقت عوامی مسائل حل کیا جائے گا گلگت بلتستان حکومت عوام ترقی منصوبہ اجلاس وزیراعلیٰ تعلیم صحت سڑک بجلی پانی علاقہ ضلع شہر عوامی نمائندے سیاسی جماعت اقدامات فیصلہ ادارے کارکردگی شفافیت ترقیاتی منصوبے مکمل وقت عوامی مسائل حل کیا جائے گا گلگت بلتستان حکومت عوام ترقی منصوبہ اجلاس وزیراعلیٰ تعلیم صحت سڑک بجلی پانی علاقہ ضلع شہر عوامی نمائندے سیاسی جماعت اقدامات فیصلہ ادارے کارکردگی شفافیت ترقیاتی منصوبے مکمل وقت عوامی مسائل حل کیا جائے گا گلگت بلتستان حکومت عوام ترقی منصوبہ اجلاس وزیراعلیٰ تعلیم صحت سڑک بجلی پانی علاقہ ضلع شہر عوامی نمائندے سیاسی جماعت اقدامات فیصلہ ادارے کارکردگی شفافیت ترقیاتی منصوبے مکمل وقت عوامی مسائل حل کیا جائے گا
33	افتتاح	بقیہ
گلگت بلتستان حکومت عوام ترقی منصوبہ اجلاس وزیراعلیٰ تعلیم صحت سڑک بجلی پانی علاقہ ضلع شہر عوامی نمائندے سیاسی جماعت اقدامات فیصلہ ادارے کارکردگی شفافیت ترقیاتی منصوبے مکمل وقت عوامی مسائل حل کیا جائے گا گلگت بلتستان حکومت عوام ترقی منصوبہ اجلاس وزیراعلیٰ تعلیم صحت سڑک بجلی پانی علاقہ ضلع شہر عوامی نمائندے سیاسی جماعت اقدامات فیصلہ ادارے کارکردگی شفافیت ترقیاتی منصوبے مکمل وقت عوامی مسائل حل کیا جائے گا گلگت بلتستان حکومت عوام ترقی منصوبہ اجلاس وزیراعلیٰ تعلیم صحت سڑک بجلی پانی علاقہ ضلع شہر عوامی نمائندے سیاسی جماعت اقدامات فیصلہ ادارے کارکردگی شفافیت ترقیاتی منصوبے مکمل وقت عوامی مسائل حل کیا جائے گا گلگت بلتستان حکومت عوام ترقی منصوبہ اجلاس وزیراعلیٰ تعلیم صحت سڑک بجلی پانی علاقہ ضلع شہر عوامی نمائندے سیاسی جماعت اقدامات فیصلہ ادارے کارکردگی شفافیت ترقیاتی منصوبے مکمل وقت عوامی مسائل حل کیا جائے گا گلگت بلتستان حکومت عوام ترقی منصوبہ اجلاس وزیراعلیٰ تعلیم صحت سڑک بجلی پانی علاقہ ضلع شہر عوامی نمائندے سیاسی جماعت اقدامات فیصلہ ادارے کارکردگی شفافیت ترقیاتی منصوبے مکمل وقت عوامی مسائل حل کیا جائے گا گلگت بلتستان حکومت عوام ترقی منصوبہ اجلاس وزیراعلیٰ تعلیم صحت سڑک بجلی پانی علاقہ ضلع شہر عوامی نمائندے سیاسی جماعت اقدامات فیصلہ ادارے کارکردگی شفافیت ترقیاتی منصوبے مکمل وقت عوامی مسائل حل کیا جائے گا گلگت بلتستان حکومت عوام ترقی منصوبہ اجلاس وزیراعلیٰ تعلیم صحت سڑک بجلی پانی علاقہ ضلع شہر عوامی نمائندے سیاسی جماعت اقدامات فیصلہ ادارے کارکردگی شفافیت ترقیاتی منصوبے مکمل وقت عوامی مسائل حل کیا جائے گا گلگت بلتستان حکومت عوام ترقی منصوبہ اجلاس وزیراعلیٰ تعلیم صحت سڑک بجلی پانی علاقہ ضلع شہر عوامی نمائندے سیاسی جماعت اقدامات فیصلہ ادارے کارکردگی شفافیت ترقیاتی منصوبے مکمل وقت عوامی مسائل حل کیا جائے گا
گلگت بلتستان حکومت عوام ترقی منصوبہ اجلاس وزیراعلیٰ تعلیم صحت سڑک بجلی پانی علاقہ ضلع شہر عوامی نمائندے سیاسی جماعت اقدامات فیصلہ ادارے کارکردگی شفافیت ترقیاتی منصوبے مکمل وقت عوامی مسائل حل کیا جائے گا گلگت بلتستان حکومت عوام ترقی منصوبہ اجلاس وزیراعلیٰ تعلیم صحت سڑک بجلی پانی علاقہ ضلع شہر عوامی نمائندے سیاسی جماعت اقدامات فیصلہ ادارے کارکردگی شفافیت ترقیاتی منصوبے مکمل وقت عوامی مسائل حل کیا جائے گا گلگت بلتستان حکومت عوام ترقی منصوبہ اجلاس وزیراعلیٰ تعلیم صحت سڑک بجلی پانی علاقہ ضلع شہر عوامی نمائندے سیاسی جماعت اقدامات فیصلہ ادارے کارکردگی شفافیت ترقیاتی منصوبے مکمل وقت عوامی مسائل حل کیا جائے گا گلگت بلتستان حکومت عوام ترقی منصوبہ اجلاس وزیراعلیٰ تعلیم صحت سڑک بجلی پانی علاقہ ضلع شہر عوامی نمائندے سیاسی جماعت اقدامات فیصلہ ادارے کارکردگی شفافیت ترقیاتی منصوبے مکمل وقت عوامی مسائل حل کیا جائے گا گلگت بلتستان حکومت عوام ترقی منصوبہ اجلاس وزیراعلیٰ تعلیم صحت سڑک بجلی پانی علاقہ ضلع شہر عوامی نمائندے سیاسی جماعت اقدامات فیصلہ ادارے کارکردگی شفافیت ترقیاتی منصوبے مکمل وقت عوامی مسائل حل کیا جائے گا گلگت بلتستان حکومت عوام ترقی منصوبہ اجلاس وزیراعلیٰ تعلیم صحت سڑک بجلی پانی علاقہ ضلع شہر عوامی نمائندے سیاسی جماعت اقدامات فیصلہ ادارے کارکردگی شفافیت ترقیاتی منصوبے مکمل وقت عوامی مسائل حل کیا جائے گا گلگت بلتستان حکومت عوام ترقی منصوبہ اجلاس وزیراعلیٰ تعلیم صحت سڑک بجلی پانی علاقہ ضلع شہر عوامی نمائندے سیاسی جماعت اقدامات فیصلہ ادارے کارکردگی شفافیت ترقیاتی منصوبے مکمل وقت عوامی مسائل حل کیا جائے گا گلگت بلتستان حکومت عوام ترقی منصوبہ اجلاس وزیراعلیٰ تعلیم صحت سڑک بجلی پانی علاقہ ضلع شہر عوامی نمائندے سیاسی جماعت اقدامات فیصلہ ادارے کارکردگی شفافیت ترقیاتی منصوبے مکمل وقت عوامی مسائل حل کیا جائے گا
25	اضافہ	بقیہ
گلگت بلتستان حکومت عوام ترقی منصوبہ اجلاس وزیراعلیٰ تعلیم صحت سڑک بجلی پانی علاقہ ضلع شہر عوامی نمائندے سیاسی جماعت اقدامات فیصلہ ادارے کارکردگی شفافیت ترقیاتی منصوبے مکمل وقت عوامی مسائل حل کیا جائے گا گلگت بلتستان حکومت عوام ترقی منصوبہ اجلاس وزیراعلیٰ تعلیم صحت سڑک بجلی پانی علاقہ ضلع شہر عوامی نمائندے سیاسی جماعت اقدامات فیصلہ ادارے کارکردگی شفافیت ترقیاتی منصوبے مکمل وقت عوامی مسائل حل کیا جائے گا گلگت بلتستان حکومت عوام ترقی منصوبہ اجلاس وزیراعلیٰ تعلیم صحت سڑک بجلی پانی علاقہ ضلع شہر عوامی نمائندے سیاسی جماعت اقدامات فیصلہ ادارے کارکردگی شفافیت ترقیاتی منصوبے مکمل وقت عوامی مسائل حل کیا جائے گا گلگت بلتستان حکومت عوام ترقی منصوبہ اجلاس وزیراعلیٰ تعلیم صحت سڑک بجلی پانی علاقہ ضلع شہر عوامی نمائندے سیاسی جماعت اقدامات فیصلہ ادارے کارکردگی شفافیت ترقیاتی منصوبے مکمل وقت عوامی مسائل حل کیا جائے گا گلگت بلتستان حکومت عوام ترقی منصوبہ اجلاس وزیراعلیٰ تعلیم صحت سڑک بجلی پانی علاقہ ضلع شہر عوامی نمائندے سیاسی جماعت اقدامات فیصلہ ادارے کارکردگی شفافیت ترقیاتی منصوبے مکمل وقت عوامی مسائل حل کیا جائے گا گلگت بلتستان حکومت عوام ترقی منصوبہ اجلاس وزیراعلیٰ تعلیم صحت سڑک بجلی پانی علاقہ ضلع شہر عوامی نمائندے سیاسی جماعت اقدامات فیصلہ ادارے کارکردگی شفافیت ترقیاتی منصوبے مکمل وقت عوامی مسائل حل کیا جائے گا گلگت بلتستان حکومت عوام ترقی منصوبہ اجلاس وزیراعلیٰ تعلیم صحت سڑک بجلی پانی علاقہ ضلع شہر عوامی نمائندے سیاسی جماعت اقدامات فیصلہ ادارے کارکردگی شفافیت ترقیاتی منصوبے مکمل وقت عوامی مسائل حل کیا جائے گا گلگت بلتستان حکومت عوام ترقی منصوبہ اجلاس وزیراعلیٰ تعلیم صحت سڑک بجلی پانی علاقہ ضلع شہر عوامی نمائندے سیاسی جماعت اقدامات فیصلہ ادارے کارکردگی شفافیت ترقیاتی منصوبے مکمل وقت عوامی مسائل حل کیا جائے گا
26	نیل چیف	بقیہ
گلگت بلتستان حکومت عوام ترقی منصوبہ اجلاس وزیراعلیٰ تعلیم صحت سڑک بجلی پانی علاقہ ضلع شہر عوامی نمائندے سیاسی جماعت اقدامات فیصلہ ادارے کارکردگی شفافیت ترقیاتی منصوبے مکمل وقت عوامی مسائل حل کیا جائے گا گلگت بلتستان حکومت عوام ترقی منصوبہ اجلاس وزیراعلیٰ تعلیم صحت سڑک بجلی پانی علاقہ ضلع شہر عوامی نمائندے سیاسی جماعت اقدامات فیصلہ ادارے کارکردگی شفافیت ترقیاتی منصوبے مکمل وقت عوامی مسائل حل کیا جائے گا گلگت بلتستان حکومت عوام ترقی منصوبہ اجلاس وزیراعلیٰ تعلیم صحت سڑک بجلی پانی علاقہ ضلع شہر عوامی نمائندے سیاسی جماعت اقدامات فیصلہ ادارے کارکردگی شفافیت ترقیاتی منصوبے مکمل وقت عوامی مسائل حل کیا جائے گا گلگت بلتستان حکومت عوام ترقی منصوبہ اجلاس وزیراعلیٰ تعلیم صحت سڑک بجلی پانی علاقہ ضلع شہر عوامی نمائندے سیاسی جماعت اقدامات فیصلہ ادارے کارکردگی شفافیت ترقیاتی منصوبے مکمل وقت عوامی مسائل حل کیا جائے گا گلگت بلتستان حکومت عوام ترقی منصوبہ اجلاس وزیراعلیٰ تعلیم صحت سڑک بجلی پانی علاقہ ضلع شہر عوامی نمائندے سیاسی جماعت اقدامات فیصلہ ادارے کارکردگی شفافیت ترقیاتی منصوبے مکمل وقت عوامی مسائل حل کیا جائے گا گلگت بلتستان حکومت عوام ترقی منصوبہ اجلاس وزیراعلیٰ تعلیم صحت سڑک بجلی پانی علاقہ ضلع شہر عوامی نمائندے سیاسی جماعت اقدامات فیصلہ ادارے کارکردگی شفافیت ترقیاتی منصوبے مکمل وقت عوامی مسائل حل کیا جائے گا گلگت بلتستان حکومت عوام ترقی منصوبہ اجلاس وزیراعلیٰ تعلیم صحت سڑک بجلی پانی علاقہ ضلع شہر عوامی نمائندے سیاسی جماعت اقدامات فیصلہ ادارے کارکردگی شفافیت ترقیاتی منصوبے مکمل وقت عوامی مسائل حل کیا جائے گا گلگت بلتستان حکومت عوام ترقی منصوبہ اجلاس وزیراعلیٰ تعلیم صحت سڑک بجلی پانی علاقہ ضلع شہر عوامی نمائندے سیاسی جماعت اقدامات فیصلہ ادارے کارکردگی شفافیت ترقیاتی منصوبے مکمل وقت عوامی مسائل حل کیا جائے گا
27	سود	بقیہ
گلگت بلتستان حکومت عوام ترقی منصوبہ اجلاس وزیراعلیٰ تعلیم صحت سڑک بجلی پانی علاقہ ضلع شہر عوامی نمائندے سیاسی جماعت اقدامات فیصلہ ادارے کارکردگی شفافیت ترقیاتی منصوبے مکمل وقت عوامی مسائل حل کیا جائے گا گلگت بلتستان حکومت عوام ترقی منصوبہ اجلاس وزیراعلیٰ تعلیم صحت سڑک بجلی پانی علاقہ ضلع شہر عوامی نمائندے سیاسی جماعت اقدامات فیصلہ ادارے کارکردگی شفافیت ترقیاتی منصوبے مکمل وقت عوامی مسائل حل کیا جائے گا گلگت بلتستان حکومت عوام ترقی منصوبہ اجلاس وزیراعلیٰ تعلیم صحت سڑک بجلی پانی علاقہ ضلع شہر عوامی نمائندے سیاسی جماعت اقدامات فیصلہ ادارے کارکردگی شفافیت ترقیاتی منصوبے مکمل وقت عوامی مسائل حل کیا جائے گا گلگت بلتستان حکومت عوام ترقی منصوبہ اجلاس وزیراعلیٰ تعلیم صحت سڑک بجلی پانی علاقہ ضلع شہر عوامی نمائندے سیاسی جماعت اقدامات فیصلہ ادارے کارکردگی شفافیت ترقیاتی منصوبے مکمل وقت عوامی مسائل حل کیا جائے گا گلگت بلتستان حکومت عوام ترقی منصوبہ اجلاس وزیراعلیٰ تعلیم صحت سڑک بجلی پانی علاقہ ضلع شہر عوامی نمائندے سیاسی جماعت اقدامات فیصلہ ادارے کارکردگی شفافیت ترقیاتی منصوبے مکمل وقت عوامی مسائل حل کیا جائے گا گلگت بلتستان حکومت عوام ترقی منصوبہ اجلاس وزیراعلیٰ تعلیم صحت سڑک بجلی پانی علاقہ ضلع شہر عوامی نمائندے سیاسی جماعت اقدامات فیصلہ ادارے کارکردگی شفافیت ترقیاتی منصوبے مکمل وقت عوامی مسائل حل کیا جائے گا گلگت بلتستان حکومت عوام ترقی منصوبہ اجلاس وزیراعلیٰ تعلیم صحت سڑک بجلی پانی علاقہ ضلع شہر عوامی نمائندے سیاسی جماعت اقدامات فیصلہ ادارے کارکردگی شفافیت ترقیاتی منصوبے مکمل وقت عوامی مسائل حل کیا جائے گا گلگت بلتستان حکومت عوام ترقی منصوبہ اجلاس وزیراعلیٰ تعلیم صحت سڑک بجلی پانی علاقہ ضلع شہر عوامی نمائندے سیاسی جماعت اقدامات فیصلہ ادارے کارکردگی شفافیت ترقیاتی منصوبے مکمل وقت عوامی مسائل حل کیا جائے گا
گلگت بلتستان حکومت عوام ترقی منصوبہ اجلاس وزیراعلیٰ تعلیم صحت سڑک بجلی پانی علاقہ ضلع شہر عوامی نمائندے سیاسی جماعت اقدامات فیصلہ ادارے کارکردگی شفافیت ترقیاتی منصوبے مکمل وقت عوامی مسائل حل کیا جائے گا گلگت بلتستان حکومت عوام ترقی منصوبہ اجلاس وزیراعلیٰ تعلیم صحت سڑک بجلی پانی علاقہ ضلع شہر عوامی نمائندے سیاسی جماعت اقدامات فیصلہ ادارے کارکردگی شفافیت ترقیاتی منصوبے مکمل وقت عوامی مسائل حل کیا جائے گا گلگت بلتستان حکومت عوام ترقی منصوبہ اجلاس وزیراعلیٰ تعلیم صحت سڑک بجلی پانی علاقہ ضلع شہر عوامی نمائندے سیاسی جماعت اقدامات فیصلہ ادارے کارکردگی شفافیت ترقیاتی منصوبے مکمل وقت عوامی مسائل حل کیا جائے گا گلگت بلتستان حکومت عوام ترقی منصوبہ اجلاس وزیراعلیٰ تعلیم صحت سڑک بجلی پانی علاقہ ضلع شہر عوامی نمائندے سیاسی جماعت اقدامات فیصلہ ادارے کارکردگی شفافیت ترقیاتی منصوبے مکمل وقت عوامی مسائل حل کیا جائے گا گلگت بلتستان حکومت عوام ترقی منصوبہ اجلاس وزیراعلیٰ تعلیم صحت سڑک بجلی پانی علاقہ ضلع شہر عوامی نمائندے سیاسی جماعت اقدامات فیصلہ ادارے کارکردگی شفافیت ترقیاتی منصوبے مکمل وقت عوامی مسائل حل کیا جائے گا گلگت بلتستان حکومت عوام ترقی منصوبہ اجلاس وزیراعلیٰ تعلیم صحت سڑک بجلی پانی علاقہ ضلع شہر عوامی نمائندے سیاسی جماعت اقدامات فیصلہ ادارے کارکردگی شفافیت ترقیاتی منصوبے مکمل وقت عوامی مسائل حل کیا جائے گا گلگت بلتستان حکومت عوام ترقی منصوبہ اجلاس وزیراعلیٰ تعلیم صحت سڑک بجلی پانی علاقہ ضلع شہر عوامی نمائندے سیاسی جماعت اقدامات فیصلہ ادارے کارکردگی شفافیت ترقیاتی منصوبے مکمل وقت عوامی مسائل حل کیا جائے گا گلگت بلتستان حکومت عوام ترقی منصوبہ اجلاس وزیراعلیٰ تعلیم صحت سڑک بجلی پانی علاقہ ضلع شہر عوامی نمائندے سیاسی جماعت اقدامات فیصلہ ادارے کارکردگی شفافیت ترقیاتی منصوبے مکمل وقت عوامی مسائل حل کیا جائے گا
19	فیصلہ	بقیہ
گلگت بلتستان حکومت عوام ترقی منصوبہ اجلاس وزیراعلیٰ تعلیم صحت سڑک بجلی پانی علاقہ ضلع شہر عوامی نمائندے سیاسی جماعت اقدامات فیصلہ ادارے کارکردگی شفافیت ترقیاتی منصوبے مکمل وقت عوامی مسائل حل کیا جائے گا گلگت بلتستان حکومت عوام ترقی منصوبہ اجلاس وزیراعلیٰ تعلیم صحت سڑک بجلی پانی علاقہ ضلع شہر عوامی نمائندے سیاسی جماعت اقدامات فیصلہ ادارے کارکردگی شفافیت ترقیاتی منصوبے مکمل وقت عوامی مسائل حل کیا جائے گا گلگت بلتستان حکومت عوام ترقی منصوبہ اجلاس وزیراعلیٰ تعلیم صحت سڑک بجلی پانی علاقہ ضلع شہر عوامی نمائندے سیاسی جماعت اقدامات فیصلہ ادارے کارکردگی شفافیت ترقیاتی منصوبے مکمل وقت عوامی مسائل حل کیا جائے گا گلگت بلتستان حکومت عوام ترقی منصوبہ اجلاس وزیراعلیٰ تعلیم صحت سڑک بجلی پانی علاقہ ضلع شہر عوامی نمائندے سیاسی جماعت اقدامات فیصلہ ادارے کارکردگی شفافیت ترقیاتی منصوبے مکمل وقت عوامی مسائل حل کیا جائے گا گلگت بلتستان حکومت عوام ترقی منصوبہ اجلاس وزیراعلیٰ تعلیم صحت سڑک بجلی پانی علاقہ ضلع شہر عوامی نمائندے سیاسی جماعت اقدامات فیصلہ ادارے کارکردگی شفافیت ترقیاتی منصوبے مکمل وقت عوامی مسائل حل کیا جائے گا گلگت بلتستان حکومت عوام ترقی منصوبہ اجلاس وزیراعلیٰ تعلیم صحت سڑک بجلی پانی علاقہ ضلع شہر عوامی نمائندے سیاسی جماعت اقدامات فیصلہ ادارے کارکردگی شفافیت ترقیاتی منصوبے مکمل وقت عوامی مسائل حل کیا جائے گا گلگت بلتستان حکومت عوام ترقی منصوبہ اجلاس وزیراعلیٰ تعلیم صحت سڑک بجلی پانی علاقہ ضلع شہر عوامی نمائندے سیاسی جماعت اقدامات فیصلہ ادارے کارکردگی شفافیت ترقیاتی منصوبے مکمل وقت عوامی مسائل حل کیا جائے گا گلگت بلتستان حکومت عوام ترقی منصوبہ اجلاس وزیراعلیٰ تعلیم صحت سڑک بجلی پانی علاقہ ضلع شہر عوامی نمائندے سیاسی جماعت اقدامات فیصلہ ادارے کارکردگی شفافیت ترقیاتی منصوبے مکمل وقت عوامی مسائل حل کیا جائے گا
20	ایرانی وزیر خارجہ
بقیہ
گلگت بلتستان حکومت عوام ترقی منصوبہ اجلاس وزیراعلیٰ تعلیم صحت سڑک بجلی پانی علاقہ ضلع شہر عوامی نمائندے سیاسی جماعت اقدامات فیصلہ ادارے کارکردگی شفافیت ترقیاتی منصوبے مکمل وقت عوامی مسائل حل کیا جائے گا گلگت بلتستان حکومت عوام ترقی منصوبہ اجلاس وزیراعلیٰ تعلیم صحت سڑک بجلی پانی علاقہ ضلع شہر عوامی نمائندے سیاسی جماعت اقدامات فیصلہ ادارے کارکردگی شفافیت ترقیاتی منصوبے مکمل وقت عوامی مسائل حل کیا جائے گا گلگت بلتستان حکومت عوام ترقی منصوبہ اجلاس وزیراعلیٰ تعلیم صحت سڑک بجلی پانی علاقہ ضلع شہر عوامی نمائندے سیاسی جماعت اقدامات فیصلہ ادارے کارکردگی شفافیت ترقیاتی منصوبے مکمل وقت عوامی مسائل حل کیا جائے گا گلگت بلتستان حکومت عوام ترقی منصوبہ اجلاس وزیراعلیٰ تعلیم صحت سڑک بجلی پانی علاقہ ضلع شہر عوامی نمائندے سیاسی جماعت اقدامات فیصلہ ادارے کارکردگی شفافیت ترقیاتی منصوبے مکمل وقت عوامی مسائل حل کیا جائے گا گلگت بلتستان حکومت عوام ترقی منصوبہ اجلاس وزیراعلیٰ تعلیم صحت سڑک بجلی پانی علاقہ ضلع شہر عوامی نمائندے سیاسی جماعت اقدامات فیصلہ ادارے کارکردگی شفافیت ترقیاتی منصوبے مکمل وقت عوامی مسائل حل کیا جائے گا گلگت بلتستان حکومت عوام ترقی منصوبہ اجلاس وزیراعلیٰ تعلیم صحت سڑک بجلی پانی علاقہ ضلع شہر عوامی نمائندے سیاسی جماعت اقدامات فیصلہ ادارے کارکردگی شفافیت ترقیاتی منصوبے مکمل وقت عوامی مسائل حل کیا جائے گا گلگت بلتستان حکومت عوام ترقی منصوبہ اجلاس وزیراعلیٰ تعلیم صحت سڑک بجلی پانی علاقہ ضلع شہر عوامی نمائندے سیاسی جماعت اقدامات فیصلہ ادارے کارکردگی شفافیت ترقیاتی منصوبے مکمل وقت عوامی مسائل حل کیا جائے گا گلگت بلتستان حکومت عوام ترقی منصوبہ اجلاس وزیراعلیٰ تعلیم صحت سڑک بجلی پانی علاقہ ضلع شہر عوامی نمائندے سیاسی جماعت اقدامات فیصلہ ادارے کارکردگی شفافیت ترقیاتی منصوبے مکمل وقت عوامی مسائل حل کیا جائے گا
21	زیر غور	بقیہ
گلگت بلتستان حکومت عوام ترقی منصوبہ اجلاس وزیراعلیٰ تعلیم صحت سڑک بجلی پانی علاقہ ضلع شہر عوامی نمائندے سیاسی جماعت اقدامات فیصلہ ادارے کارکردگی شفافیت ترقیاتی منصوبے مکمل وقت عوامی مسائل حل کیا جائے گا گلگت بلتستان حکومت عوام ترقی منصوبہ اجلاس وزیراعلیٰ تعلیم صحت سڑک بجلی پانی علاقہ ضلع شہر عوامی نمائندے سیاسی جماعت اقدامات فیصلہ ادارے کارکردگی شفافیت ترقیاتی منصوبے مکمل وقت عوامی مسائل حل کیا جائے گا گلگت بلتستان حکومت عوام ترقی منصوبہ اجلاس وزیراعلیٰ تعلیم صحت سڑک بجلی پانی علاقہ ضلع شہر عوامی نمائندے سیاسی جماعت اقدامات فیصلہ ادارے کارکردگی شفافیت ترقیاتی منصوبے مکمل وقت عوامی مسائل حل کیا جائے گا گلگت بلتستان حکومت عوام ترقی منصوبہ اجلاس وزیراعلیٰ تعلیم صحت سڑک بجلی پانی علاقہ ضلع شہر عوامی نمائندے سیاسی جماعت اقدامات فیصلہ ادارے کارکردگی شفافیت ترقیاتی منصوبے مکمل وقت عوامی مسائل حل کیا جائے گا گلگت بلتستان حکومت عوام ترقی منصوبہ اجلاس وزیراعلیٰ تعلیم صحت سڑک بجلی پانی علاقہ ضلع شہر عوامی نمائندے سیاسی جماعت اقدامات فیصلہ ادارے کارکردگی شفافیت ترقیاتی منصوبے مکمل وقت عوامی مسائل حل کیا جائے گا گلگت بلتستان حکومت عوام ترقی منصوبہ اجلاس وزیراعلیٰ تعلیم صحت سڑک بجلی پانی علاقہ ضلع شہر عوامی نمائندے سیاسی جماعت اقدامات فیصلہ ادارے کارکردگی شفافیت ترقیاتی منصوبے مکمل وقت عوامی مسائل حل کیا جائے گا گلگت بلتستان حکومت عوام ترقی منصوبہ اجلاس وزیراعلیٰ تعلیم صحت سڑک بجلی پانی علاقہ ضلع شہر عوامی نمائندے سیاسی جماعت اقدامات فیصلہ ادارے کارکردگی شفافیت ترقیاتی منصوبے مکمل وقت عوامی مسائل حل کیا جائے گا گلگت بلتستان حکومت عوام ترقی منصوبہ اجلاس وزیراعلیٰ تعلیم صحت سڑک بجلی پانی علاقہ ضلع شہر عوامی نمائندے سیاسی جماعت اقدامات فیصلہ ادارے کارکردگی شفافیت ترقیاتی منصوبے مکمل وقت عوامی مسائل حل کیا جائے گا
22	وزیراعظم	بقیہ
گلگت بلتستان حکومت عوام ترقی منصوبہ اجلاس وزیراعلیٰ تعلیم صحت سڑک بجلی پانی علاقہ ضلع شہر عوامی نمائندے سیاسی جماعت اقدامات فیصلہ ادارے کارکردگی شفافیت ترقیاتی منصوبے مکمل وقت عوامی مسائل حل کیا جائے گا گلگت بلتستان حکومت عوام ترقی منصوبہ اجلاس وزیراعلیٰ تعلیم صحت سڑک بجلی پانی علاقہ ضلع شہر عوامی نمائندے سیاسی جماعت اقدامات فیصلہ ادارے کارکردگی شفافیت ترقیاتی منصوبے مکمل وقت عوامی مسائل حل کیا جائے گا گلگت بلتستان حکومت عوام ترقی منصوبہ اجلاس وزیراعلیٰ تعلیم صحت سڑک بجلی پانی علاقہ ضلع شہر عوامی نمائندے سیاسی جماعت اقدامات فیصلہ ادارے کارکردگی شفافیت ترقیاتی منصوبے مکمل وقت عوامی مسائل حل کیا جائے گا گلگت بلتستان حکومت عوام ترقی منصوبہ اجلاس وزیراعلیٰ تعلیم صحت سڑک بجلی پانی علاقہ ضلع شہر عوامی نمائندے سیاسی جماعت اقدامات فیصلہ ادارے کارکردگی شفافیت ترقیاتی منصوبے مکمل وقت عوامی مسائل حل کیا جائے گا گلگت بلتستان حکومت عوام ترقی منصوبہ اجلاس وزیراعلیٰ تعلیم صحت سڑک بجلی پانی علاقہ ضلع شہر عوامی نمائندے سیاسی جماعت اقدامات فیصلہ ادارے کارکردگی شفافیت ترقیاتی منصوبے مکمل وقت عوامی مسائل حل کیا جائے گا گلگت بلتستان حکومت عوام ترقی منصوبہ اجلاس وزیراعلیٰ تعلیم صحت سڑک بجلی پانی علاقہ ضلع شہر عوامی نمائندے سیاسی جماعت اقدامات فیصلہ ادارے کارکردگی شفافیت ترقیاتی منصوبے مکمل وقت عوامی مسائل حل کیا جائے گا گلگت بلتستان حکومت عوام ترقی منصوبہ اجلاس وزیراعلیٰ تعلیم صحت سڑک بجلی پانی علاقہ ضلع شہر عوامی نمائندے سیاسی جماعت اقدامات فیصلہ ادارے کارکردگی شفافیت ترقیاتی منصوبے مکمل وقت عوامی مسائل حل کیا جائے گا گلگت بلتستان حکومت عوام ترقی منصوبہ اجلاس وزیراعلیٰ تعلیم صحت سڑک بجلی پانی علاقہ ضلع شہر عوامی نمائندے سیاسی جماعت اقدامات فیصلہ ادارے کارکردگی شفافیت ترقیاتی منصوبے مکمل وقت عوامی مسائل حل کیا جائے گا
23	بائیکاٹ	بقیہ
گلگت بلتستان حکومت عوام ترقی منصوبہ اجلاس وزیراعلیٰ تعلیم صحت سڑک بجلی پانی علاقہ ضلع شہر عوامی نمائندے سیاسی جماعت اقدامات فیصلہ ادارے کارکردگی شفافیت ترقیاتی منصوبے مکمل وقت عوامی مسائل حل کیا جائے گا گلگت بلتستان حکومت عوام ترقی منصوبہ اجلاس وزیراعلیٰ تعلیم صحت سڑک بجلی پانی علاقہ ضلع شہر عوامی نمائندے سیاسی جماعت اقدامات فیصلہ ادارے کارکردگی شفافیت ترقیاتی منصوبے مکمل وقت عوامی مسائل حل کیا جائے گا گلگت بلتستان حکومت عوام ترقی منصوبہ اجلاس وزیراعلیٰ تعلیم صحت سڑک بجلی پانی علاقہ ضلع شہر عوامی نمائندے سیاسی جماعت اقدامات فیصلہ ادارے کارکردگی شفافیت ترقیاتی منصوبے مکمل وقت عوامی مسائل حل کیا جائے گا گلگت بلتستان حکومت عوام ترقی منصوبہ اجلاس وزیراعلیٰ تعلیم صحت سڑک بجلی پانی علاقہ ضلع شہر عوامی نمائندے سیاسی جماعت اقدامات فیصلہ ادارے کارکردگی شفافیت ترقیاتی منصوبے مکمل وقت عوامی مسائل حل کیا جائے گا گلگت بلتستان حکومت عوام ترقی منصوبہ اجلاس وزیراعلیٰ تعلیم صحت سڑک بجلی پانی علاقہ ضلع شہر عوامی نمائندے سیاسی جماعت اقدامات فیصلہ ادارے کارکردگی شفافیت ترقیاتی منصوبے مکمل وقت عوامی مسائل حل کیا جائے گا گلگت بلتستان حکومت عوام ترقی منصوبہ اجلاس وزیراعلیٰ تعلیم صحت سڑک بجلی پانی علاقہ ضلع شہر عوامی نمائندے سیاسی جماعت اقدامات فیصلہ ادارے کارکردگی شفافیت ترقیاتی منصوبے مکمل وقت عوامی مسائل حل کیا جائے گا گلگت بلتستان حکومت عوام ترقی منصوبہ اجلاس وزیراعلیٰ تعلیم صحت سڑک بجلی پانی علاقہ ضلع شہر عوامی نمائندے سیاسی جماعت اقدامات فیصلہ ادارے کارکردگی شفافیت ترقیاتی منصوبے مکمل وقت عوامی مسائل حل کیا جائے گا گلگت بلتستان حکومت عوام ترقی منصوبہ اجلاس وزیراعلیٰ تعلیم صحت سڑک بجلی پانی علاقہ ضلع شہر عوامی نمائندے سیاسی جماعت اقدامات فیصلہ ادارے کارکردگی شفافیت ترقیاتی منصوبے مکمل وقت عوامی مسائل حل کیا جائے گا
24	واپڈا	بقیہ
گلگت بلتستان حکومت عوام ترقی منصوبہ اجلاس وزیراعلیٰ تعلیم صحت سڑک بجلی پانی علاقہ ضلع شہر عوامی نمائندے سیاسی جماعت اقدامات فیصلہ ادارے کارکردگی شفافیت ترقیاتی منصوبے مکمل وقت عوامی مسائل حل کیا جائے گا گلگت بلتستان حکومت عوام ترقی منصوبہ اجلاس وزیراعلیٰ تعلیم صحت سڑک بجلی پانی علاقہ ضلع شہر عوامی نمائندے سیاسی جماعت اقدامات فیصلہ ادارے کارکردگی شفافیت ترقیاتی منصوبے مکمل وقت عوامی مسائل حل کیا جائے گا گلگت بلتستان حکومت عوام ترقی منصوبہ اجلاس وزیراعلیٰ تعلیم صحت سڑک بجلی پانی علاقہ ضلع شہر عوامی نمائندے سیاسی جماعت اقدامات فیصلہ ادارے کارکردگی شفافیت ترقیاتی منصوبے مکمل وقت عوامی مسائل حل کیا جائے گا گلگت بلتستان حکومت عوام ترقی منصوبہ اجلاس وزیراعلیٰ تعلیم صحت سڑک بجلی پانی علاقہ ضلع شہر عوامی نمائندے سیاسی جماعت اقدامات فیصلہ ادارے کارکردگی شفافیت ترقیاتی منصوبے مکمل وقت عوامی مسائل حل کیا جائے گا گلگت بلتستان حکومت عوام ترقی منصوبہ اجلاس وزیراعلیٰ تعلیم صحت سڑک بجلی پانی علاقہ ضلع شہر عوامی نمائندے سیاسی جماعت اقدامات فیصلہ ادارے کارکردگی شفافیت ترقیاتی منصوبے مکمل وقت عوامی مسائل حل کیا جائے گا گلگت بلتستان حکومت عوام ترقی منصوبہ اجلاس وزیراعلیٰ تعلیم صحت سڑک بجلی پانی علاقہ ضلع شہر عوامی نمائندے سیاسی جماعت اقدامات فیصلہ ادارے کارکردگی شفافیت ترقیاتی منصوبے مکمل وقت عوامی مسائل حل کیا جائے گا گلگت بلتستان حکومت عوام ترقی منصوبہ اجلاس وزیراعلیٰ تعلیم صحت سڑک بجلی پانی علاقہ ضلع شہر عوامی نمائندے سیاسی جماعت اقدامات فیصلہ ادارے کارکردگی شفافیت ترقیاتی منصوبے مکمل وقت عوامی مسائل حل کیا جائے گا گلگت بلتستان حکومت عوام ترقی منصوبہ اجلاس وزیراعلیٰ تعلیم صحت سڑک بجلی پانی علاقہ ضلع شہر عوامی نمائندے سیاسی جماعت اقدامات فیصلہ ادارے کارکردگی شفافیت ترقیاتی منصوبے مکمل وقت عوامی مسائل حل کیا جائے گا
گلگت بلتستان حکومت عوام ترقی منصوبہ اجلاس وزیراعلیٰ تعلیم صحت سڑک بجلی پانی علاقہ ضلع شہر عوامی نمائندے سیاسی جماعت اقدامات فیصلہ ادارے کارکردگی شفافیت ترقیاتی منصوبے مکمل وقت عوامی مسائل حل کیا جائے گا گلگت بلتستان حکومت عوام ترقی منصوبہ اجلاس وزیراعلیٰ تعلیم صحت سڑک بجلی پانی علاقہ ضلع شہر عوامی نمائندے سیاسی جماعت اقدامات فیصلہ ادارے کارکردگی شفافیت ترقیاتی منصوبے مکمل وقت عوامی مسائل حل کیا جائے گا گلگت بلتستان حکومت عوام ترقی منصوبہ اجلاس وزیراعلیٰ تعلیم صحت سڑک بجلی پانی علاقہ ضلع شہر عوامی نمائندے سیاسی جماعت اقدامات فیصلہ ادارے کارکردگی شفافیت ترقیاتی منصوبے مکمل وقت عوامی مسائل حل کیا جائے گا گلگت بلتستان حکومت عوام ترقی منصوبہ اجلاس وزیراعلیٰ تعلیم صحت سڑک بجلی پانی علاقہ ضلع شہر عوامی نمائندے سیاسی جماعت اقدامات فیصلہ ادارے کارکردگی شفافیت ترقیاتی منصوبے مکمل وقت عوامی مسائل حل کیا جائے گا گلگت بلتستان حکومت عوام ترقی منصوبہ اجلاس وزیراعلیٰ تعلیم صحت سڑک بجلی پانی علاقہ ضلع شہر عوامی نمائندے سیاسی جماعت اقدامات فیصلہ ادارے کارکردگی شفافیت ترقیاتی منصوبے مکمل وقت عوامی مسائل حل کیا جائے گا گلگت بلتستان حکومت عوام ترقی منصوبہ اجلاس وزیراعلیٰ تعلیم صحت سڑک بجلی پانی علاقہ ضلع شہر عوامی نمائندے سیاسی جماعت اقدامات فیصلہ ادارے کارکردگی شفافیت ترقیاتی منصوبے مکمل وقت عوامی مسائل حل کیا جائے گا گلگت بلتستان حکومت عوام ترقی منصوبہ اجلاس وزیراعلیٰ تعلیم صحت سڑک بجلی پانی علاقہ ضلع شہر عوامی نمائندے سیاسی جماعت اقدامات فیصلہ ادارے کارکردگی شفافیت ترقیاتی منصوبے مکمل وقت عوامی مسائل حل کیا جائے گا گلگت بلتستان حکومت عوام ترقی منصوبہ اجلاس وزیراعلیٰ تعلیم صحت سڑک بجلی پانی علاقہ ضلع شہر عوامی نمائندے سیاسی جماعت اقدامات فیصلہ ادارے کارکردگی شفافیت ترقیاتی منصوبے مکمل وقت عوامی مسائل حل کیا جائے گا
12	حضرت اللہ	بقیہ
گلگت بلتستان حکومت عوام ترقی منصوبہ اجلاس وزیراعلیٰ تعلیم صحت سڑک بجلی پانی علاقہ ضلع شہر عوامی نمائندے سیاسی جماعت اقدامات فیصلہ ادارے کارکردگی شفافیت ترقیاتی منصوبے مکمل وقت عوامی مسائل حل کیا جائے گا گلگت بلتستان حکومت عوام ترقی منصوبہ اجلاس وزیراعلیٰ تعلیم صحت سڑک بجلی پانی علاقہ ضلع شہر عوامی نمائندے سیاسی جماعت اقدامات فیصلہ ادارے کارکردگی شفافیت ترقیاتی منصوبے مکمل وقت عوامی مسائل حل کیا جائے گا گلگت بلتستان حکومت عوام ترقی منصوبہ اجلاس وزیراعلیٰ تعلیم صحت سڑک بجلی پانی علاقہ ضلع شہر عوامی نمائندے سیاسی جماعت اقدامات فیصلہ ادارے کارکردگی شفافیت ترقیاتی منصوبے مکمل وقت عوامی مسائل حل کیا جائے گا گلگت بلتستان حکومت عوام ترقی منصوبہ اجلاس وزیراعلیٰ تعلیم صحت سڑک بجلی پانی علاقہ ضلع شہر عوامی نمائندے سیاسی جماعت اقدامات فیصلہ ادارے کارکردگی شفافیت ترقیاتی منصوبے مکمل وقت عوامی مسائل حل کیا جائے گا گلگت بلتستان حکومت عوام ترقی منصوبہ اجلاس وزیراعلیٰ تعلیم صحت سڑک بجلی پانی علاقہ ضلع شہر عوامی نمائندے سیاسی جماعت اقدامات فیصلہ ادارے کارکردگی شفافیت ترقیاتی منصوبے مکمل وقت عوامی مسائل حل کیا جائے گا گلگت بلتستان حکومت عوام ترقی منصوبہ اجلاس وزیراعلیٰ تعلیم صحت سڑک بجلی پانی علاقہ ضلع شہر عوامی نمائندے سیاسی جماعت اقدامات فیصلہ ادارے کارکردگی شفافیت ترقیاتی منصوبے مکمل وقت عوامی مسائل حل کیا جائے گا گلگت بلتستان حکومت عوام ترقی منصوبہ اجلاس وزیراعلیٰ تعلیم صحت سڑک بجلی پانی علاقہ ضلع شہر عوامی نمائندے سیاسی جماعت اقدامات فیصلہ ادارے کارکردگی شفافیت ترقیاتی منصوبے مکمل وقت عوامی مسائل حل کیا جائے گا گلگت بلتستان حکومت عوام ترقی منصوبہ اجلاس وزیراعلیٰ تعلیم صحت سڑک بجلی پانی علاقہ ضلع شہر عوامی نمائندے سیاسی جماعت اقدامات فیصلہ ادارے کارکردگی شفافیت ترقیاتی منصوبے مکمل وقت عوامی مسائل حل کیا جائے گا
13	افتتاح	بقیہ
گلگت بلتستان حکومت عوام ترقی منصوبہ اجلاس وزیراعلیٰ تعلیم صحت سڑک بجلی پانی علاقہ ضلع شہر عوامی نمائندے سیاسی جماعت اقدامات فیصلہ ادارے کارکردگی شفافیت ترقیاتی منصوبے مکمل وقت عوامی مسائل حل کیا جائے گا گلگت بلتستان حکومت عوام ترقی منصوبہ اجلاس وزیراعلیٰ تعلیم صحت سڑک بجلی پانی علاقہ ضلع شہر عوامی نمائندے سیاسی جماعت اقدامات فیصلہ ادارے کارکردگی شفافیت ترقیاتی منصوبے مکمل وقت عوامی مسائل حل کیا جائے گا گلگت بلتستان حکومت عوام ترقی منصوبہ اجلاس وزیراعلیٰ تعلیم صحت سڑک بجلی پانی علاقہ ضلع شہر عوامی نمائندے سیاسی جماعت اقدامات فیصلہ ادارے کارکردگی شفافیت ترقیاتی منصوبے مکمل وقت عوامی مسائل حل کیا جائے گا گلگت بلتستان حکومت عوام ترقی منصوبہ اجلاس وزیراعلیٰ تعلیم صحت سڑک بجلی پانی علاقہ ضلع شہر عوامی نمائندے سیاسی جماعت اقدامات فیصلہ ادارے کارکردگی شفافیت ترقیاتی منصوبے مکمل وقت عوامی مسائل حل کیا جائے گا گلگت بلتستان حکومت عوام ترقی منصوبہ اجلاس وزیراعلیٰ تعلیم صحت سڑک بجلی پانی علاقہ ضلع شہر عوامی نمائندے سیاسی جماعت اقدامات فیصلہ ادارے کارکردگی شفافیت ترقیاتی منصوبے مکمل وقت عوامی مسائل حل کیا جائے گا گلگت بلتستان حکومت عوام ترقی منصوبہ اجلاس وزیراعلیٰ تعلیم صحت سڑک بجلی پانی علاقہ ضلع شہر عوامی نمائندے سیاسی جماعت اقدامات فیصلہ ادارے کارکردگی شفافیت ترقیاتی منصوبے مکمل وقت عوامی مسائل حل کیا جائے گا گلگت بلتستان حکومت عوام ترقی منصوبہ اجلاس وزیراعلیٰ تعلیم صحت سڑک بجلی پانی علاقہ ضلع شہر عوامی نمائندے سیاسی جماعت اقدامات فیصلہ ادارے کارکردگی شفافیت ترقیاتی منصوبے مکمل وقت عوامی مسائل حل کیا جائے گا گلگت بلتستان حکومت عوام ترقی منصوبہ اجلاس وزیراعلیٰ تعلیم صحت سڑک بجلی پانی علاقہ ضلع شہر عوامی نمائندے سیاسی جماعت اقدامات فیصلہ ادارے کارکردگی شفافیت ترقیاتی منصوبے مکمل وقت عوامی مسائل حل کیا جائے گا
14	رانا ثناء اللہ	بقیہ
گلگت بلتستان حکومت عوام ترقی منصوبہ اجلاس وزیراعلیٰ تعلیم صحت سڑک بجلی پانی علاقہ ضلع شہر عوامی نمائندے سیاسی جماعت اقدامات فیصلہ ادارے کارکردگی شفافیت ترقیاتی منصوبے مکمل وقت عوامی مسائل حل کیا جائے گا گلگت بلتستان حکومت عوام ترقی منصوبہ اجلاس وزیراعلیٰ تعلیم صحت سڑک بجلی پانی علاقہ ضلع شہر عوامی نمائندے سیاسی جماعت اقدامات فیصلہ ادارے کارکردگی شفافیت ترقیاتی منصوبے مکمل وقت عوامی مسائل حل کیا جائے گا گلگت بلتستان حکومت عوام ترقی منصوبہ اجلاس وزیراعلیٰ تعلیم صحت سڑک بجلی پانی علاقہ ضلع شہر عوامی نمائندے سیاسی جماعت اقدامات فیصلہ ادارے کارکردگی شفافیت ترقیاتی منصوبے مکمل وقت عوامی مسائل حل کیا جائے گا گلگت بلتستان حکومت عوام ترقی منصوبہ اجلاس وزیراعلیٰ تعلیم صحت سڑک بجلی پانی علاقہ ضلع شہر عوامی نمائندے سیاسی جماعت اقدامات فیصلہ ادارے کارکردگی شفافیت ترقیاتی منصوبے مکمل وقت عوامی مسائل حل کیا جائے گا گلگت بلتستان حکومت عوام ترقی منصوبہ اجلاس وزیراعلیٰ تعلیم صحت سڑک بجلی پانی علاقہ ضلع شہر عوامی نمائندے سیاسی جماعت اقدامات فیصلہ ادارے کارکردگی شفافیت ترقیاتی منصوبے مکمل وقت عوامی مسائل حل کیا جائے گا گلگت بلتستان حکومت عوام ترقی منصوبہ اجلاس وزیراعلیٰ تعلیم صحت سڑک بجلی پانی علاقہ ضلع شہر عوامی نمائندے سیاسی جماعت اقدامات فیصلہ ادارے کارکردگی شفافیت ترقیاتی منصوبے مکمل وقت عوامی مسائل حل کیا جائے گا گلگت بلتستان حکومت عوام ترقی منصوبہ اجلاس وزیراعلیٰ تعلیم صحت سڑک بجلی پانی علاقہ ضلع شہر عوامی نمائندے سیاسی جماعت اقدامات فیصلہ ادارے کارکردگی شفافیت ترقیاتی منصوبے مکمل وقت عوامی مسائل حل کیا جائے گا گلگت بلتستان حکومت عوام ترقی منصوبہ اجلاس وزیراعلیٰ تعلیم صحت سڑک بجلی پانی علاقہ ضلع شہر عوامی نمائندے سیاسی جماعت اقدامات فیصلہ ادارے کارکردگی شفافیت ترقیاتی منصوبے مکمل وقت عوامی مسائل حل کیا جائے گا
15	پاک چین	بقیہ
گلگت بلتستان حکومت عوام ترقی منصوبہ اجلاس وزیراعلیٰ تعلیم صحت سڑک بجلی پانی علاقہ ضلع شہر عوامی نمائندے سیاسی جماعت اقدامات فیصلہ ادارے کارکردگی شفافیت ترقیاتی منصوبے مکمل وقت عوامی مسائل حل کیا جائے گا گلگت بلتستان حکومت عوام ترقی منصوبہ اجلاس وزیراعلیٰ تعلیم صحت سڑک بجلی پانی علاقہ ضلع شہر عوامی نمائندے سیاسی جماعت اقدامات فیصلہ ادارے کارکردگی شفافیت ترقیاتی منصوبے مکمل وقت عوامی مسائل حل کیا جائے گا گلگت بلتستان حکومت عوام ترقی منصوبہ اجلاس وزیراعلیٰ تعلیم صحت سڑک بجلی پانی علاقہ ضلع شہر عوامی نمائندے سیاسی جماعت اقدامات فیصلہ ادارے کارکردگی شفافیت ترقیاتی منصوبے مکمل وقت عوامی مسائل حل کیا جائے گا گلگت بلتستان حکومت عوام ترقی منصوبہ اجلاس وزیراعلیٰ تعلیم صحت سڑک بجلی پانی علاقہ ضلع شہر عوامی نمائندے سیاسی جماعت اقدامات فیصلہ ادارے کارکردگی شفافیت ترقیاتی منصوبے مکمل وقت عوامی مسائل حل کیا جائے گا گلگت بلتستان حکومت عوام ترقی منصوبہ اجلاس وزیراعلیٰ تعلیم صحت سڑک بجلی پانی علاقہ ضلع شہر عوامی نمائندے سیاسی جماعت اقدامات فیصلہ ادارے کارکردگی شفافیت ترقیاتی منصوبے مکمل وقت عوامی مسائل حل کیا جائے گا گلگت بلتستان حکومت عوام ترقی منصوبہ اجلاس وزیراعلیٰ تعلیم صحت سڑک بجلی پانی علاقہ ضلع شہر عوامی نمائندے سیاسی جماعت اقدامات فیصلہ ادارے کارکردگی شفافیت ترقیاتی منصوبے مکمل وقت عوامی مسائل حل کیا جائے گا گلگت بلتستان حکومت عوام ترقی منصوبہ اجلاس وزیراعلیٰ تعلیم صحت سڑک بجلی پانی علاقہ ضلع شہر عوامی نمائندے سیاسی جماعت اقدامات فیصلہ ادارے کارکردگی شفافیت ترقیاتی منصوبے مکمل وقت عوامی مسائل حل کیا جائے گا گلگت بلتستان حکومت عوام ترقی منصوبہ اجلاس وزیراعلیٰ تعلیم صحت سڑک بجلی پانی علاقہ ضلع شہر عوامی نمائندے سیاسی جماعت اقدامات فیصلہ ادارے کارکردگی شفافیت ترقیاتی منصوبے مکمل وقت عوامی مسائل حل کیا جائے گا
16	ہیلتھ	بقیہ
گلگت بلتستان حکومت عوام ترقی منصوبہ اجلاس وزیراعلیٰ تعلیم صحت سڑک بجلی پانی علاقہ ضلع شہر عوامی نمائندے سیاسی جماعت اقدامات فیصلہ ادارے کارکردگی شفافیت ترقیاتی منصوبے مکمل وقت عوامی مسائل حل کیا جائے گا گلگت بلتستان حکومت عوام ترقی منصوبہ اجلاس وزیراعلیٰ تعلیم صحت سڑک بجلی پانی علاقہ ضلع شہر عوامی نمائندے سیاسی جماعت اقدامات فیصلہ ادارے کارکردگی شفافیت ترقیاتی منصوبے مکمل وقت عوامی مسائل حل کیا جائے گا گلگت بلتستان حکومت عوام ترقی منصوبہ اجلاس وزیراعلیٰ تعلیم صحت سڑک بجلی پانی علاقہ ضلع شہر عوامی نمائندے سیاسی جماعت اقدامات فیصلہ ادارے کارکردگی شفافیت ترقیاتی منصوبے مکمل وقت عوامی مسائل حل کیا جائے گا گلگت بلتستان حکومت عوام ترقی منصوبہ اجلاس وزیراعلیٰ تعلیم صحت سڑک بجلی پانی علاقہ ضلع شہر عوامی نمائندے سیاسی جماعت اقدامات فیصلہ ادارے کارکردگی شفافیت ترقیاتی منصوبے مکمل وقت عوامی مسائل حل کیا جائے گا گلگت بلتستان حکومت عوام ترقی منصوبہ اجلاس وزیراعلیٰ تعلیم صحت سڑک بجلی پانی علاقہ ضلع شہر عوامی نمائندے سیاسی جماعت اقدامات فیصلہ ادارے کارکردگی شفافیت ترقیاتی منصوبے مکمل وقت عوامی مسائل حل کیا جائے گا گلگت بلتستان حکومت عوام ترقی منصوبہ اجلاس وزیراعلیٰ تعلیم صحت سڑک بجلی پانی علاقہ ضلع شہر عوامی نمائندے سیاسی جماعت اقدامات فیصلہ ادارے کارکردگی شفافیت ترقیاتی منصوبے مکمل وقت عوامی مسائل حل کیا جائے گا گلگت بلتستان حکومت عوام ترقی منصوبہ اجلاس وزیراعلیٰ تعلیم صحت سڑک بجلی پانی علاقہ ضلع شہر عوامی نمائندے سیاسی جماعت اقدامات فیصلہ ادارے کارکردگی شفافیت ترقیاتی منصوبے مکمل وقت عوامی مسائل حل کیا جائے گا گلگت بلتستان حکومت عوام ترقی منصوبہ اجلاس وزیراعلیٰ تعلیم صحت سڑک بجلی پانی علاقہ ضلع شہر عوامی نمائندے سیاسی جماعت اقدامات فیصلہ ادارے کارکردگی شفافیت ترقیاتی منصوبے مکمل وقت عوامی مسائل حل کیا جائے گا
17	جان بحق	بقیہ
گلگت بلتستان حکومت عوام ترقی منصوبہ اجلاس وزیراعلیٰ تعلیم صحت سڑک بجلی پانی علاقہ ضلع شہر عوامی نمائندے سیاسی جماعت اقدامات فیصلہ ادارے کارکردگی شفافیت ترقیاتی منصوبے مکمل وقت عوامی مسائل حل کیا جائے گا گلگت بلتستان حکومت عوام ترقی منصوبہ اجلاس وزیراعلیٰ تعلیم صحت سڑک بجلی پانی علاقہ ضلع شہر عوامی نمائندے سیاسی جماعت اقدامات فیصلہ ادارے کارکردگی شفافیت ترقیاتی منصوبے مکمل وقت عوامی مسائل حل کیا جائے گا گلگت بلتستان حکومت عوام ترقی منصوبہ اجلاس وزیراعلیٰ تعلیم صحت سڑک بجلی پانی علاقہ ضلع شہر عوامی نمائندے سیاسی جماعت اقدامات فیصلہ ادارے کارکردگی شفافیت ترقیاتی منصوبے مکمل وقت عوامی مسائل حل کیا جائے گا گلگت بلتستان حکومت عوام ترقی منصوبہ اجلاس وزیراعلیٰ تعلیم صحت سڑک بجلی پانی علاقہ ضلع شہر عوامی نمائندے سیاسی جماعت اقدامات فیصلہ ادارے کارکردگی شفافیت ترقیاتی منصوبے مکمل وقت عوامی مسائل حل کیا جائے گا گلگت بلتستان حکومت عوام ترقی منصوبہ اجلاس وزیراعلیٰ تعلیم صحت سڑک بجلی پانی علاقہ ضلع شہر عوامی نمائندے سیاسی جماعت اقدامات فیصلہ ادارے کارکردگی شفافیت ترقیاتی منصوبے مکمل وقت عوامی مسائل حل کیا جائے گا گلگت بلتستان حکومت عوام ترقی منصوبہ اجلاس وزیراعلیٰ تعلیم صحت سڑک بجلی پانی علاقہ ضلع شہر عوامی نمائندے سیاسی جماعت اقدامات فیصلہ ادارے کارکردگی شفافیت ترقیاتی منصوبے مکمل وقت عوامی مسائل حل کیا جائے گا گلگت بلتستان حکومت عوام ترقی منصوبہ اجلاس وزیراعلیٰ تعلیم صحت سڑک بجلی پانی علاقہ ضلع شہر عوامی نمائندے سیاسی جماعت اقدامات فیصلہ ادارے کارکردگی شفافیت ترقیاتی منصوبے مکمل وقت عوامی مسائل حل کیا جائے گا گلگت بلتستان حکومت عوام ترقی منصوبہ اجلاس وزیراعلیٰ تعلیم صحت سڑک بجلی پانی علاقہ ضلع شہر عوامی نمائندے سیاسی جماعت اقدامات فیصلہ ادارے کارکردگی شفافیت ترقیاتی منصوبے مکمل وقت عوامی مسائل حل کیا جائے گا
18	جعفر اقبال	بقیہ
گلگت بلتستان حکومت عوام ترقی منصوبہ اجلاس وزیراعلیٰ تعلیم صحت سڑک بجلی پانی علاقہ ضلع شہر عوامی نمائندے سیاسی جماعت اقدامات فیصلہ ادارے کارکردگی شفافیت ترقیاتی منصوبے مکمل وقت عوامی مسائل حل کیا جائے گا گلگت بلتستان حکومت عوام ترقی منصوبہ اجلاس وزیراعلیٰ تعلیم صحت سڑک بجلی پانی علاقہ ضلع شہر عوامی نمائندے سیاسی جماعت اقدامات فیصلہ ادارے کارکردگی شفافیت ترقیاتی منصوبے مکمل وقت عوامی مسائل حل کیا جائے گا گلگت بلتستان حکومت عوام ترقی منصوبہ اجلاس وزیراعلیٰ تعلیم صحت سڑک بجلی پانی علاقہ ضلع شہر عوامی نمائندے سیاسی جماعت اقدامات فیصلہ ادارے کارکردگی شفافیت ترقیاتی منصوبے مکمل وقت عوامی مسائل حل کیا جائے گا گلگت بلتستان حکومت عوام ترقی منصوبہ اجلاس وزیراعلیٰ تعلیم صحت سڑک بجلی پانی علاقہ ضلع شہر عوامی نمائندے سیاسی جماعت اقدامات فیصلہ ادارے کارکردگی شفافیت ترقیاتی منصوبے مکمل وقت عوامی مسائل حل کیا جائے گا گلگت بلتستان حکومت عوام ترقی منصوبہ اجلاس وزیراعلیٰ تعلیم صحت سڑک بجلی پانی علاقہ ضلع شہر عوامی نمائندے سیاسی جماعت اقدامات فیصلہ ادارے کارکردگی شفافیت ترقیاتی منصوبے مکمل وقت عوامی مسائل حل کیا جائے گا گلگت بلتستان حکومت عوام ترقی منصوبہ اجلاس وزیراعلیٰ تعلیم صحت سڑک بجلی پانی علاقہ ضلع شہر عوامی نمائندے سیاسی جماعت اقدامات فیصلہ ادارے کارکردگی شفافیت ترقیاتی منصوبے مکمل وقت عوامی مسائل حل کیا جائے گا گلگت بلتستان حکومت عوام ترقی منصوبہ اجلاس وزیراعلیٰ تعلیم صحت سڑک بجلی پانی علاقہ ضلع شہر عوامی نمائندے سیاسی جماعت اقدامات فیصلہ ادارے کارکردگی شفافیت ترقیاتی منصوبے مکمل وقت عوامی مسائل حل کیا جائے گا گلگت بلتستان حکومت عوام ترقی منصوبہ اجلاس وزیراعلیٰ تعلیم صحت سڑک بجلی پانی علاقہ ضلع شہر عوامی نمائندے سیاسی جماعت اقدامات فیصلہ ادارے کارکردگی شفافیت ترقیاتی منصوبے مکمل وقت عوامی مسائل حل کیا جائے گا
گلگت بلتستان حکومت عوام ترقی منصوبہ اجلاس وزیراعلیٰ تعلیم صحت سڑک بجلی پانی علاقہ ضلع شہر عوامی نمائندے سیاسی جماعت اقدامات فیصلہ ادارے کارکردگی شفافیت ترقیاتی منصوبے مکمل وقت عوامی مسائل حل کیا جائے گا گلگت بلتستان حکومت عوام ترقی منصوبہ اجلاس وزیراعلیٰ تعلیم صحت سڑک بجلی پانی علاقہ ضلع شہر عوامی نمائندے سیاسی جماعت اقدامات فیصلہ ادارے کارکردگی شفافیت ترقیاتی منصوبے مکمل وقت عوامی مسائل حل کیا جائے گا گلگت بلتستان حکومت عوام ترقی منصوبہ اجلاس وزیراعلیٰ تعلیم صحت سڑک بجلی پانی علاقہ ضلع شہر عوامی نمائندے سیاسی جماعت اقدامات فیصلہ ادارے کارکردگی شفافیت ترقیاتی منصوبے مکمل وقت عوامی مسائل حل کیا جائے گا گلگت بلتستان حکومت عوام ترقی منصوبہ اجلاس وزیراعلیٰ تعلیم صحت سڑک بجلی پانی علاقہ ضلع شہر عوامی نمائندے سیاسی جماعت اقدامات فیصلہ ادارے کارکردگی شفافیت ترقیاتی منصوبے مکمل وقت عوامی مسائل حل کیا جائے گا گلگت بلتستان حکومت عوام ترقی منصوبہ اجلاس وزیراعلیٰ تعلیم صحت سڑک بجلی پانی علاقہ ضلع شہر عوامی نمائندے سیاسی جماعت اقدامات فیصلہ ادارے کارکردگی شفافیت ترقیاتی منصوبے مکمل وقت عوامی مسائل حل کیا جائے گا گلگت بلتستان حکومت عوام ترقی منصوبہ اجلاس وزیراعلیٰ تعلیم صحت سڑک بجلی پانی علاقہ ضلع شہر عوامی نمائندے سیاسی جماعت اقدامات فیصلہ ادارے کارکردگی شفافیت ترقیاتی منصوبے مکمل وقت عوامی مسائل حل کیا جائے گا گلگت بلتستان حکومت عوام ترقی منصوبہ اجلاس وزیراعلیٰ تعلیم صحت سڑک بجلی پانی علاقہ ضلع شہر عوامی نمائندے سیاسی جماعت اقدامات فیصلہ ادارے کارکردگی شفافیت ترقیاتی منصوبے مکمل وقت عوامی مسائل حل کیا جائے گا گلگت بلتستان حکومت عوام ترقی منصوبہ اجلاس وزیراعلیٰ تعلیم صحت سڑک بجلی پانی علاقہ ضلع شہر عوامی نمائندے سیاسی جماعت اقدامات فیصلہ ادارے کارکردگی شفافیت ترقیاتی منصوبے مکمل وقت عوامی مسائل حل کیا جائے گا
6	روڈ سیپ	بقیہ
گلگت بلتستان حکومت عوام ترقی منصوبہ اجلاس وزیراعلیٰ تعلیم صحت سڑک بجلی پانی علاقہ ضلع شہر عوامی نمائندے سیاسی جماعت اقدامات فیصلہ ادارے کارکردگی شفافیت ترقیاتی منصوبے مکمل وقت عوامی مسائل حل کیا جائے گا گلگت بلتستان حکومت عوام ترقی منصوبہ اجلاس وزیراعلیٰ تعلیم صحت سڑک بجلی پانی علاقہ ضلع شہر عوامی نمائندے سیاسی جماعت اقدامات فیصلہ ادارے کارکردگی شفافیت ترقیاتی منصوبے مکمل وقت عوامی مسائل حل کیا جائے گا گلگت بلتستان حکومت عوام ترقی منصوبہ اجلاس وزیراعلیٰ تعلیم صحت سڑک بجلی پانی علاقہ ضلع شہر عوامی نمائندے سیاسی جماعت اقدامات فیصلہ ادارے کارکردگی شفافیت ترقیاتی منصوبے مکمل وقت عوامی مسائل حل کیا جائے گا گلگت بلتستان حکومت عوام ترقی منصوبہ اجلاس وزیراعلیٰ تعلیم صحت سڑک بجلی پانی علاقہ ضلع شہر عوامی نمائندے سیاسی جماعت اقدامات فیصلہ ادارے کارکردگی شفافیت ترقیاتی منصوبے مکمل وقت عوامی مسائل حل کیا جائے گا گلگت بلتستان حکومت عوام ترقی منصوبہ اجلاس وزیراعلیٰ تعلیم صحت سڑک بجلی پانی علاقہ ضلع شہر عوامی نمائندے سیاسی جماعت اقدامات فیصلہ ادارے کارکردگی شفافیت ترقیاتی منصوبے مکمل وقت عوامی مسائل حل کیا جائے گا گلگت بلتستان حکومت عوام ترقی منصوبہ اجلاس وزیراعلیٰ تعلیم صحت سڑک بجلی پانی علاقہ ضلع شہر عوامی نمائندے سیاسی جماعت اقدامات فیصلہ ادارے کارکردگی شفافیت ترقیاتی منصوبے مکمل وقت عوامی مسائل حل کیا جائے گا گلگت بلتستان حکومت عوام ترقی منصوبہ اجلاس وزیراعلیٰ تعلیم صحت سڑک بجلی پانی علاقہ ضلع شہر عوامی نمائندے سیاسی جماعت اقدامات فیصلہ ادارے کارکردگی شفافیت ترقیاتی منصوبے مکمل وقت عوامی مسائل حل کیا جائے گا گلگت بلتستان حکومت عوام ترقی منصوبہ اجلاس وزیراعلیٰ تعلیم صحت سڑک بجلی پانی علاقہ ضلع شہر عوامی نمائندے سیاسی جماعت اقدامات فیصلہ ادارے کارکردگی شفافیت ترقیاتی منصوبے مکمل وقت عوامی مسائل حل کیا جائے گا
7	الرٹ جاری	بقیہ
گلگت بلتستان حکومت عوام ترقی منصوبہ اجلاس وزیراعلیٰ تعلیم صحت سڑک بجلی پانی علاقہ ضلع شہر عوامی نمائندے سیاسی جماعت اقدامات فیصلہ ادارے کارکردگی شفافیت ترقیاتی منصوبے مکمل وقت عوامی مسائل حل کیا جائے گا گلگت بلتستان حکومت عوام ترقی منصوبہ اجلاس وزیراعلیٰ تعلیم صحت سڑک بجلی پانی علاقہ ضلع شہر عوامی نمائندے سیاسی جماعت اقدامات فیصلہ ادارے کارکردگی شفافیت ترقیاتی منصوبے مکمل وقت عوامی مسائل حل کیا جائے گا گلگت بلتستان حکومت عوام ترقی منصوبہ اجلاس وزیراعلیٰ تعلیم صحت سڑک بجلی پانی علاقہ ضلع شہر عوامی نمائندے سیاسی جماعت اقدامات فیصلہ ادارے کارکردگی شفافیت ترقیاتی منصوبے مکمل وقت عوامی مسائل حل کیا جائے گا گلگت بلتستان حکومت عوام ترقی منصوبہ اجلاس وزیراعلیٰ تعلیم صحت سڑک بجلی پانی علاقہ ضلع شہر عوامی نمائندے سیاسی جماعت اقدامات فیصلہ ادارے کارکردگی شفافیت ترقیاتی منصوبے مکمل وقت عوامی مسائل حل کیا جائے گا گلگت بلتستان حکومت عوام ترقی منصوبہ اجلاس وزیراعلیٰ تعلیم صحت سڑک بجلی پانی علاقہ ضلع شہر عوامی نمائندے سیاسی جماعت اقدامات فیصلہ ادارے کارکردگی شفافیت ترقیاتی منصوبے مکمل وقت عوامی مسائل حل کیا جائے گا گلگت بلتستان حکومت عوام ترقی منصوبہ اجلاس وزیراعلیٰ تعلیم صحت سڑک بجلی پانی علاقہ ضلع شہر عوامی نمائندے سیاسی جماعت اقدامات فیصلہ ادارے کارکردگی شفافیت ترقیاتی منصوبے مکمل وقت عوامی مسائل حل کیا جائے گا گلگت بلتستان حکومت عوام ترقی منصوبہ اجلاس وزیراعلیٰ تعلیم صحت سڑک بجلی پانی علاقہ ضلع شہر عوامی نمائندے سیاسی جماعت اقدامات فیصلہ ادارے کارکردگی شفافیت ترقیاتی منصوبے مکمل وقت عوامی مسائل حل کیا جائے گا گلگت بلتستان حکومت عوام ترقی منصوبہ اجلاس وزیراعلیٰ تعلیم صحت سڑک بجلی پانی علاقہ ضلع شہر عوامی نمائندے سیاسی جماعت اقدامات فیصلہ ادارے کارکردگی شفافیت ترقیاتی منصوبے مکمل وقت عوامی مسائل حل کیا جائے گا
8	کریک ڈاؤن	بقیہ
گلگت بلتستان حکومت عوام ترقی منصوبہ اجلاس وزیراعلیٰ تعلیم صحت سڑک بجلی پانی علاقہ ضلع شہر عوامی نمائندے سیاسی جماعت اقدامات فیصلہ ادارے کارکردگی شفافیت ترقیاتی منصوبے مکمل وقت عوامی مسائل حل کیا جائے گا گلگت بلتستان حکومت عوام ترقی منصوبہ اجلاس وزیراعلیٰ تعلیم صحت سڑک بجلی پانی علاقہ ضلع شہر عوامی نمائندے سیاسی جماعت اقدامات فیصلہ ادارے کارکردگی شفافیت ترقیاتی منصوبے مکمل وقت عوامی مسائل حل کیا جائے گا گلگت بلتستان حکومت عوام ترقی منصوبہ اجلاس وزیراعلیٰ تعلیم صحت سڑک بجلی پانی علاقہ ضلع شہر عوامی نمائندے سیاسی جماعت اقدامات فیصلہ ادارے کارکردگی شفافیت ترقیاتی منصوبے مکمل وقت عوامی مسائل حل کیا جائے گا گلگت بلتستان حکومت عوام ترقی منصوبہ اجلاس وزیراعلیٰ تعلیم صحت سڑک بجلی پانی علاقہ ضلع شہر عوامی نمائندے سیاسی جماعت اقدامات فیصلہ ادارے کارکردگی شفافیت ترقیاتی منصوبے مکمل وقت عوامی مسائل حل کیا جائے گا گلگت بلتستان حکومت عوام ترقی منصوبہ اجلاس وزیراعلیٰ تعلیم صحت سڑک بجلی پانی علاقہ ضلع شہر عوامی نمائندے سیاسی جماعت اقدامات فیصلہ ادارے کارکردگی شفافیت ترقیاتی منصوبے مکمل وقت عوامی مسائل حل کیا جائے گا گلگت بلتستان حکومت عوام ترقی منصوبہ اجلاس وزیراعلیٰ تعلیم صحت سڑک بجلی پانی علاقہ ضلع شہر عوامی نمائندے سیاسی جماعت اقدامات فیصلہ ادارے کارکردگی شفافیت ترقیاتی منصوبے مکمل وقت عوامی مسائل حل کیا جائے گا گلگت بلتستان حکومت عوام ترقی منصوبہ اجلاس وزیراعلیٰ تعلیم صحت سڑک بجلی پانی علاقہ ضلع شہر عوامی نمائندے سیاسی جماعت اقدامات فیصلہ ادارے کارکردگی شفافیت ترقیاتی منصوبے مکمل وقت عوامی مسائل حل کیا جائے گا گلگت بلتستان حکومت عوام ترقی منصوبہ اجلاس وزیراعلیٰ تعلیم صحت سڑک بجلی پانی علاقہ ضلع شہر عوامی نمائندے سیاسی جماعت اقدامات فیصلہ ادارے کارکردگی شفافیت ترقیاتی منصوبے مکمل وقت عوامی مسائل حل کیا جائے گا
9	آغا ناصر حسین بقیہ
گلگت بلتستان حکومت عوام ترقی منصوبہ اجلاس وزیراعلیٰ تعلیم صحت سڑک بجلی پانی علاقہ ضلع شہر عوامی نمائندے سیاسی جماعت اقدامات فیصلہ ادارے کارکردگی شفافیت ترقیاتی منصوبے مکمل وقت عوامی مسائل حل کیا جائے گا گلگت بلتستان حکومت عوام ترقی منصوبہ اجلاس وزیراعلیٰ تعلیم صحت سڑک بجلی پانی علاقہ ضلع شہر عوامی نمائندے سیاسی جماعت اقدامات فیصلہ ادارے کارکردگی شفافیت ترقیاتی منصوبے مکمل وقت عوامی مسائل حل کیا جائے گا گلگت بلتستان حکومت عوام ترقی منصوبہ اجلاس وزیراعلیٰ تعلیم صحت سڑک بجلی پانی علاقہ ضلع شہر عوامی نمائندے سیاسی جماعت اقدامات فیصلہ ادارے کارکردگی شفافیت ترقیاتی منصوبے مکمل وقت عوامی مسائل حل کیا جائے گا گلگت بلتستان حکومت عوام ترقی منصوبہ اجلاس وزیراعلیٰ تعلیم صحت سڑک بجلی پانی علاقہ ضلع شہر عوامی نمائندے سیاسی جماعت اقدامات فیصلہ ادارے کارکردگی شفافیت ترقیاتی منصوبے مکمل وقت عوامی مسائل حل کیا جائے گا گلگت بلتستان حکومت عوام ترقی منصوبہ اجلاس وزیراعلیٰ تعلیم صحت سڑک بجلی پانی علاقہ ضلع شہر عوامی نمائندے سیاسی جماعت اقدامات فیصلہ ادارے کارکردگی شفافیت ترقیاتی منصوبے مکمل وقت عوامی مسائل حل کیا جائے گا گلگت بلتستان حکومت عوام ترقی منصوبہ اجلاس وزیراعلیٰ تعلیم صحت سڑک بجلی پانی علاقہ ضلع شہر عوامی نمائندے سیاسی جماعت اقدامات فیصلہ ادارے کارکردگی شفافیت ترقیاتی منصوبے مکمل وقت عوامی مسائل حل کیا جائے گا گلگت بلتستان حکومت عوام ترقی منصوبہ اجلاس وزیراعلیٰ تعلیم صحت سڑک بجلی پانی علاقہ ضلع شہر عوامی نمائندے سیاسی جماعت اقدامات فیصلہ ادارے کارکردگی شفافیت ترقیاتی منصوبے مکمل وقت عوامی مسائل حل کیا جائے گا گلگت بلتستان حکومت عوام ترقی منصوبہ اجلاس وزیراعلیٰ تعلیم صحت سڑک بجلی پانی علاقہ ضلع شہر عوامی نمائندے سیاسی جماعت اقدامات فیصلہ ادارے کارکردگی شفافیت ترقیاتی منصوبے مکمل وقت عوامی مسائل حل کیا جائے گا
10	تربیتی ورکشاپ بقیہ
گلگت بلتستان حکومت عوام ترقی منصوبہ اجلاس وزیراعلیٰ تعلیم صحت سڑک بجلی پانی علاقہ ضلع شہر عوامی نمائندے سیاسی جماعت اقدامات فیصلہ ادارے کارکردگی شفافیت ترقیاتی منصوبے مکمل وقت عوامی مسائل حل کیا جائے گا گلگت بلتستان حکومت عوام ترقی منصوبہ اجلاس وزیراعلیٰ تعلیم صحت سڑک بجلی پانی علاقہ ضلع شہر عوامی نمائندے سیاسی جماعت اقدامات فیصلہ ادارے کارکردگی شفافیت ترقیاتی منصوبے مکمل وقت عوامی مسائل حل کیا جائے گا گلگت بلتستان حکومت عوام ترقی منصوبہ اجلاس وزیراعلیٰ تعلیم صحت سڑک بجلی پانی علاقہ ضلع شہر عوامی نمائندے سیاسی جماعت اقدامات فیصلہ ادارے کارکردگی شفافیت ترقیاتی منصوبے مکمل وقت عوامی مسائل حل کیا جائے گا گلگت بلتستان حکومت عوام ترقی منصوبہ اجلاس وزیراعلیٰ تعلیم صحت سڑک بجلی پانی علاقہ ضلع شہر عوامی نمائندے سیاسی جماعت اقدامات فیصلہ ادارے کارکردگی شفافیت ترقیاتی منصوبے مکمل وقت عوامی مسائل حل کیا جائے گا گلگت بلتستان حکومت عوام ترقی منصوبہ اجلاس وزیراعلیٰ تعلیم صحت سڑک بجلی پانی علاقہ ضلع شہر عوامی نمائندے سیاسی جماعت اقدامات فیصلہ ادارے کارکردگی شفافیت ترقیاتی منصوبے مکمل وقت عوامی مسائل حل کیا جائے گا گلگت بلتستان حکومت عوام ترقی منصوبہ اجلاس وزیراعلیٰ تعلیم صحت سڑک بجلی پانی علاقہ ضلع شہر عوامی نمائندے سیاسی جماعت اقدامات فیصلہ ادارے کارکردگی شفافیت ترقیاتی منصوبے مکمل وقت عوامی مسائل حل کیا جائے گا گلگت بلتستان حکومت عوام ترقی منصوبہ اجلاس وزیراعلیٰ تعلیم صحت سڑک بجلی پانی علاقہ ضلع شہر عوامی نمائندے سیاسی جماعت اقدامات فیصلہ ادارے کارکردگی شفافیت ترقیاتی منصوبے مکمل وقت عوامی مسائل حل کیا جائے گا گلگت بلتستان حکومت عوام ترقی منصوبہ اجلاس وزیراعلیٰ تعلیم صحت سڑک بجلی پانی علاقہ ضلع شہر عوامی نمائندے سیاسی جماعت اقدامات فیصلہ ادارے کارکردگی شفافیت ترقیاتی منصوبے مکمل وقت عوامی مسائل حل کیا جائے گا
11	احتجاج	بقیہ
گلگت بلتستان حکومت عوام ترقی منصوبہ اجلاس وزیراعلیٰ تعلیم صحت سڑک بجلی پانی علاقہ ضلع شہر عوامی نمائندے سیاسی جماعت اقدامات فیصلہ ادارے کارکردگی شفافیت ترقیاتی منصوبے مکمل وقت عوامی مسائل حل کیا جائے گا گلگت بلتستان حکومت عوام ترقی منصوبہ اجلاس وزیراعلیٰ تعلیم صحت سڑک بجلی پانی علاقہ ضلع شہر عوامی نمائندے سیاسی جماعت اقدامات فیصلہ ادارے کارکردگی شفافیت ترقیاتی منصوبے مکمل وقت عوامی مسائل حل کیا جائے گا گلگت بلتستان حکومت عوام ترقی منصوبہ اجلاس وزیراعلیٰ تعلیم صحت سڑک بجلی پانی علاقہ ضلع شہر عوامی نمائندے سیاسی جماعت اقدامات فیصلہ ادارے کارکردگی شفافیت ترقیاتی منصوبے مکمل وقت عوامی مسائل حل کیا جائے گا گلگت بلتستان حکومت عوام ترقی منصوبہ اجلاس وزیراعلیٰ تعلیم صحت سڑک بجلی پانی علاقہ ضلع شہر عوامی نمائندے سیاسی جماعت اقدامات فیصلہ ادارے کارکردگی شفافیت ترقیاتی منصوبے مکمل وقت عوامی مسائل حل کیا جائے گا گلگت بلتستان حکومت عوام ترقی منصوبہ اجلاس وزیراعلیٰ تعلیم صحت سڑک بجلی پانی علاقہ ضلع شہر عوامی نمائندے سیاسی جماعت اقدامات فیصلہ ادارے کارکردگی شفافیت ترقیاتی منصوبے مکمل وقت عوامی مسائل حل کیا جائے گا گلگت بلتستان حکومت عوام ترقی منصوبہ اجلاس وزیراعلیٰ تعلیم صحت سڑک بجلی پانی علاقہ ضلع شہر عوامی نمائندے سیاسی جماعت اقدامات فیصلہ ادارے کارکردگی شفافیت ترقیاتی منصوبے مکمل وقت عوامی مسائل حل کیا جائے گا گلگت بلتستان حکومت عوام ترقی منصوبہ اجلاس وزیراعلیٰ تعلیم صحت سڑک بجلی پانی علاقہ ضلع شہر عوامی نمائندے سیاسی جماعت اقدامات فیصلہ ادارے کارکردگی شفافیت ترقیاتی منصوبے مکمل وقت عوامی مسائل حل کیا جائے گا گلگت بلتستان حکومت عوام ترقی منصوبہ اجلاس وزیراعلیٰ تعلیم صحت سڑک بجلی پانی علاقہ ضلع شہر عوامی نمائندے سیاسی جماعت اقدامات فیصلہ ادارے کارکردگی شفافیت ترقیاتی منصوبے مکمل وقت عوامی مسائل حل کیا جائے گا
1	امجد ایڈووکیٹ بقیہ
گلگت بلتستان حکومت عوام ترقی منصوبہ اجلاس وزیراعلیٰ تعلیم صحت سڑک بجلی پانی علاقہ ضلع شہر عوامی نمائندے سیاسی جماعت اقدامات فیصلہ ادارے کارکردگی شفافیت ترقیاتی منصوبے مکمل وقت عوامی مسائل حل کیا جائے گا گلگت بلتستان حکومت عوام ترقی منصوبہ اجلاس وزیراعلیٰ تعلیم صحت سڑک بجلی پانی علاقہ ضلع شہر عوامی نمائندے سیاسی جماعت اقدامات فیصلہ ادارے کارکردگی شفافیت ترقیاتی منصوبے مکمل وقت عوامی مسائل حل کیا جائے گا گلگت بلتستان حکومت عوام ترقی منصوبہ اجلاس وزیراعلیٰ تعلیم صحت سڑک بجلی پانی علاقہ ضلع شہر عوامی نمائندے سیاسی جماعت اقدامات فیصلہ ادارے کارکردگی شفافیت ترقیاتی منصوبے مکمل وقت عوامی مسائل حل کیا جائے گا گلگت بلتستان حکومت عوام ترقی منصوبہ اجلاس وزیراعلیٰ تعلیم صحت سڑک بجلی پانی علاقہ ضلع شہر عوامی نمائندے سیاسی جماعت اقدامات فیصلہ ادارے کارکردگی شفافیت ترقیاتی منصوبے مکمل وقت عوامی مسائل حل کیا جائے گا گلگت بلتستان حکومت عوام ترقی منصوبہ اجلاس وزیراعلیٰ تعلیم صحت سڑک بجلی پانی علاقہ ضلع شہر عوامی نمائندے سیاسی جماعت اقدامات فیصلہ ادارے کارکردگی شفافیت ترقیاتی منصوبے مکمل وقت عوامی مسائل حل کیا جائے گا گلگت بلتستان حکومت عوام ترقی منصوبہ اجلاس وزیراعلیٰ تعلیم صحت سڑک بجلی پانی علاقہ ضلع شہر عوامی نمائندے سیاسی جماعت اقدامات فیصلہ ادارے کارکردگی شفافیت ترقیاتی منصوبے مکمل وقت عوامی مسائل حل کیا جائے گا گلگت بلتستان حکومت عوام ترقی منصوبہ اجلاس وزیراعلیٰ تعلیم صحت سڑک بجلی پانی علاقہ ضلع شہر عوامی نمائندے سیاسی جماعت اقدامات فیصلہ ادارے کارکردگی شفافیت ترقیاتی منصوبے مکمل وقت عوامی مسائل حل کیا جائے گا گلگت بلتستان حکومت عوام ترقی منصوبہ اجلاس وزیراعلیٰ تعلیم صحت سڑک بجلی پانی علاقہ ضلع شہر عوامی نمائندے سیاسی جماعت اقدامات فیصلہ ادارے کارکردگی شفافیت ترقیاتی منصوبے مکمل وقت عوامی مسائل حل کیا جائے گا
2	بری	بقیہ
گلگت بلتستان حکومت عوام ترقی منصوبہ اجلاس وزیراعلیٰ تعلیم صحت سڑک بجلی پانی علاقہ ضلع شہر عوامی نمائندے سیاسی جماعت اقدامات فیصلہ ادارے کارکردگی شفافیت ترقیاتی منصوبے مکمل وقت عوامی مسائل حل کیا جائے گا گلگت بلتستان حکومت عوام ترقی منصوبہ اجلاس وزیراعلیٰ تعلیم صحت سڑک بجلی پانی علاقہ ضلع شہر عوامی نمائندے سیاسی جماعت اقدامات فیصلہ ادارے کارکردگی شفافیت ترقیاتی منصوبے مکمل وقت عوامی مسائل حل کیا جائے گا گلگت بلتستان حکومت عوام ترقی منصوبہ اجلاس وزیراعلیٰ تعلیم صحت سڑک بجلی پانی علاقہ ضلع شہر عوامی نمائندے سیاسی جماعت اقدامات فیصلہ ادارے کارکردگی شفافیت ترقیاتی منصوبے مکمل وقت عوامی مسائل حل کیا جائے گا گلگت بلتستان حکومت عوام ترقی منصوبہ اجلاس وزیراعلیٰ تعلیم صحت سڑک بجلی پانی علاقہ ضلع شہر عوامی نمائندے سیاسی جماعت اقدامات فیصلہ ادارے کارکردگی شفافیت ترقیاتی منصوبے مکمل وقت عوامی مسائل حل کیا جائے گا گلگت بلتستان حکومت عوام ترقی منصوبہ اجلاس وزیراعلیٰ تعلیم صحت سڑک بجلی پانی علاقہ ضلع شہر عوامی نمائندے سیاسی جماعت اقدامات فیصلہ ادارے کارکردگی شفافیت ترقیاتی منصوبے مکمل وقت عوامی مسائل حل کیا جائے گا گلگت بلتستان حکومت عوام ترقی منصوبہ اجلاس وزیراعلیٰ تعلیم صحت سڑک بجلی پانی علاقہ ضلع شہر عوامی نمائندے سیاسی جماعت اقدامات فیصلہ ادارے کارکردگی شفافیت ترقیاتی منصوبے مکمل وقت عوامی مسائل حل کیا جائے گا گلگت بلتستان حکومت عوام ترقی منصوبہ اجلاس وزیراعلیٰ تعلیم صحت سڑک بجلی پانی علاقہ ضلع شہر عوامی نمائندے سیاسی جماعت اقدامات فیصلہ ادارے کارکردگی شفافیت ترقیاتی منصوبے مکمل وقت عوامی مسائل حل کیا جائے گا گلگت بلتستان حکومت عوام ترقی منصوبہ اجلاس وزیراعلیٰ تعلیم صحت سڑک بجلی پانی علاقہ ضلع شہر عوامی نمائندے سیاسی جماعت اقدامات فیصلہ ادارے کارکردگی شفافیت ترقیاتی منصوبے مکمل وقت عوامی مسائل حل کیا جائے گا
3	مشتاق حسین	بقیہ
گلگت بلتستان حکومت عوام ترقی منصوبہ اجلاس وزیراعلیٰ تعلیم صحت سڑک بجلی پانی علاقہ ضلع شہر عوامی نمائندے سیاسی جماعت اقدامات فیصلہ ادارے کارکردگی شفافیت ترقیاتی منصوبے مکمل وقت عوامی مسائل حل کیا جائے گا گلگت بلتستان حکومت عوام ترقی منصوبہ اجلاس وزیراعلیٰ تعلیم صحت سڑک بجلی پانی علاقہ ضلع شہر عوامی نمائندے سیاسی جماعت اقدامات فیصلہ ادارے کارکردگی شفافیت ترقیاتی منصوبے مکمل وقت عوامی مسائل حل کیا جائے گا گلگت بلتستان حکومت عوام ترقی منصوبہ اجلاس وزیراعلیٰ تعلیم صحت سڑک بجلی پانی علاقہ ضلع شہر عوامی نمائندے سیاسی جماعت اقدامات فیصلہ ادارے کارکردگی شفافیت ترقیاتی منصوبے مکمل وقت عوامی مسائل حل کیا جائے گا گلگت بلتستان حکومت عوام ترقی منصوبہ اجلاس وزیراعلیٰ تعلیم صحت سڑک بجلی پانی علاقہ ضلع شہر عوامی نمائندے سیاسی جماعت اقدامات فیصلہ ادارے کارکردگی شفافیت ترقیاتی منصوبے مکمل وقت عوامی مسائل حل کیا جائے گا گلگت بلتستان حکومت عوام ترقی منصوبہ اجلاس وزیراعلیٰ تعلیم صحت سڑک بجلی پانی علاقہ ضلع شہر عوامی نمائندے سیاسی جماعت اقدامات فیصلہ ادارے کارکردگی شفافیت ترقیاتی منصوبے مکمل وقت عوامی مسائل حل کیا جائے گا گلگت بلتستان حکومت عوام ترقی منصوبہ اجلاس وزیراعلیٰ تعلیم صحت سڑک بجلی پانی علاقہ ضلع شہر عوامی نمائندے سیاسی جماعت اقدامات فیصلہ ادارے کارکردگی شفافیت ترقیاتی منصوبے مکمل وقت عوامی مسائل حل کیا جائے گا گلگت بلتستان حکومت عوام ترقی منصوبہ اجلاس وزیراعلیٰ تعلیم صحت سڑک بجلی پانی علاقہ ضلع شہر عوامی نمائندے سیاسی جماعت اقدامات فیصلہ ادارے کارکردگی شفافیت ترقیاتی منصوبے مکمل وقت عوامی مسائل حل کیا جائے گا گلگت بلتستان حکومت عوام ترقی منصوبہ اجلاس وزیراعلیٰ تعلیم صحت سڑک بجلی پانی علاقہ ضلع شہر عوامی نمائندے سیاسی جماعت اقدامات فیصلہ ادارے کارکردگی شفافیت ترقیاتی منصوبے مکمل وقت عوامی مسائل حل کیا جائے گا
4	کانفرنس	بقیہ
گلگت بلتستان حکومت عوام ترقی منصوبہ اجلاس وزیراعلیٰ تعلیم صحت سڑک بجلی پانی علاقہ ضلع شہر عوامی نمائندے سیاسی جماعت اقدامات فیصلہ ادارے کارکردگی شفافیت ترقیاتی منصوبے مکمل وقت عوامی مسائل حل کیا جائے گا گلگت بلتستان حکومت عوام ترقی منصوبہ اجلاس وزیراعلیٰ تعلیم صحت سڑک بجلی پانی علاقہ ضلع شہر عوامی نمائندے سیاسی جماعت اقدامات فیصلہ ادارے کارکردگی شفافیت ترقیاتی منصوبے مکمل وقت عوامی مسائل حل کیا جائے گا گلگت بلتستان حکومت عوام ترقی منصوبہ اجلاس وزیراعلیٰ تعلیم صحت سڑک بجلی پانی علاقہ ضلع شہر عوامی نمائندے سیاسی جماعت اقدامات فیصلہ ادارے کارکردگی شفافیت ترقیاتی منصوبے مکمل وقت عوامی مسائل حل کیا جائے گا گلگت بلتستان حکومت عوام ترقی منصوبہ اجلاس وزیراعلیٰ تعلیم صحت سڑک بجلی پانی علاقہ ضلع شہر عوامی نمائندے سیاسی جماعت اقدامات فیصلہ ادارے کارکردگی شفافیت ترقیاتی منصوبے مکمل وقت عوامی مسائل حل کیا جائے گا گلگت بلتستان حکومت عوام ترقی منصوبہ اجلاس وزیراعلیٰ تعلیم صحت سڑک بجلی پانی علاقہ ضلع شہر عوامی نمائندے سیاسی جماعت اقدامات فیصلہ ادارے کارکردگی شفافیت ترقیاتی منصوبے مکمل وقت عوامی مسائل حل کیا جائے گا گلگت بلتستان حکومت عوام ترقی منصوبہ اجلاس وزیراعلیٰ تعلیم صحت سڑک بجلی پانی علاقہ ضلع شہر عوامی نمائندے سیاسی جماعت اقدامات فیصلہ ادارے کارکردگی شفافیت ترقیاتی منصوبے مکمل وقت عوامی مسائل حل کیا جائے گا گلگت بلتستان حکومت عوام ترقی منصوبہ اجلاس وزیراعلیٰ تعلیم صحت سڑک بجلی پانی علاقہ ضلع شہر عوامی نمائندے سیاسی جماعت اقدامات فیصلہ ادارے کارکردگی شفافیت ترقیاتی منصوبے مکمل وقت عوامی مسائل حل کیا جائے گا گلگت بلتستان حکومت عوام ترقی منصوبہ اجلاس وزیراعلیٰ تعلیم صحت سڑک بجلی پانی علاقہ ضلع شہر عوامی نمائندے سیاسی جماعت اقدامات فیصلہ ادارے کارکردگی شفافیت ترقیاتی منصوبے مکمل وقت عوامی مسائل حل کیا جائے گا
5	بارشیں	بقیہ
گلگت بلتستان حکومت عوام ترقی منصوبہ اجلاس وزیراعلیٰ تعلیم صحت سڑک بجلی پانی علاقہ ضلع شہر عوامی نمائندے سیاسی جماعت اقدامات فیصلہ ادارے کارکردگی شفافیت ترقیاتی منصوبے مکمل وقت عوامی مسائل حل کیا جائے گا گلگت بلتستان حکومت عوام ترقی منصوبہ اجلاس وزیراعلیٰ تعلیم صحت سڑک بجلی پانی علاقہ ضلع شہر عوامی نمائندے سیاسی جماعت اقدامات فیصلہ ادارے کارکردگی شفافیت ترقیاتی منصوبے مکمل وقت عوامی مسائل حل کیا جائے گا گلگت بلتستان حکومت عوام ترقی منصوبہ اجلاس وزیراعلیٰ تعلیم صحت سڑک بجلی پانی علاقہ ضلع شہر عوامی نمائندے سیاسی جماعت اقدامات فیصلہ ادارے کارکردگی شفافیت ترقیاتی منصوبے مکمل وقت عوامی مسائل حل کیا جائے گا گلگت بلتستان حکومت عوام ترقی منصوبہ اجلاس وزیراعلیٰ تعلیم صحت سڑک بجلی پانی علاقہ ضلع شہر عوامی نمائندے سیاسی جماعت اقدامات فیصلہ ادارے کارکردگی شفافیت ترقیاتی منصوبے مکمل وقت عوامی مسائل حل کیا جائے گا گلگت بلتستان حکومت عوام ترقی منصوبہ اجلاس وزیراعلیٰ تعلیم صحت سڑک بجلی پانی علاقہ ضلع شہر عوامی نمائندے سیاسی جماعت اقدامات فیصلہ ادارے کارکردگی شفافیت ترقیاتی منصوبے مکمل وقت عوامی مسائل حل کیا جائے گا گلگت بلتستان حکومت عوام ترقی منصوبہ اجلاس وزیراعلیٰ تعلیم صحت سڑک بجلی پانی علاقہ ضلع شہر عوامی نمائندے سیاسی جماعت اقدامات فیصلہ ادارے کارکردگی شفافیت ترقیاتی منصوبے مکمل وقت عوامی مسائل حل کیا جائے گا گلگت بلتستان حکومت عوام ترقی منصوبہ اجلاس وزیراعلیٰ تعلیم صحت سڑک بجلی پانی علاقہ ضلع شہر عوامی نمائندے سیاسی جماعت اقدامات فیصلہ ادارے کارکردگی شفافیت ترقیاتی منصوبے مکمل وقت عوامی مسائل حل کیا جائے گا گلگت بلتستان حکومت عوام ترقی منصوبہ اجلاس وزیراعلیٰ تعلیم صحت سڑک بجلی پانی علاقہ ضلع شہر عوامی نمائندے سیاسی جماعت اقدامات فیصلہ ادارے کارکردگی شفافیت ترقیاتی منصوبے مکمل وقت عوامی مسائل حل کیا جائے گا
